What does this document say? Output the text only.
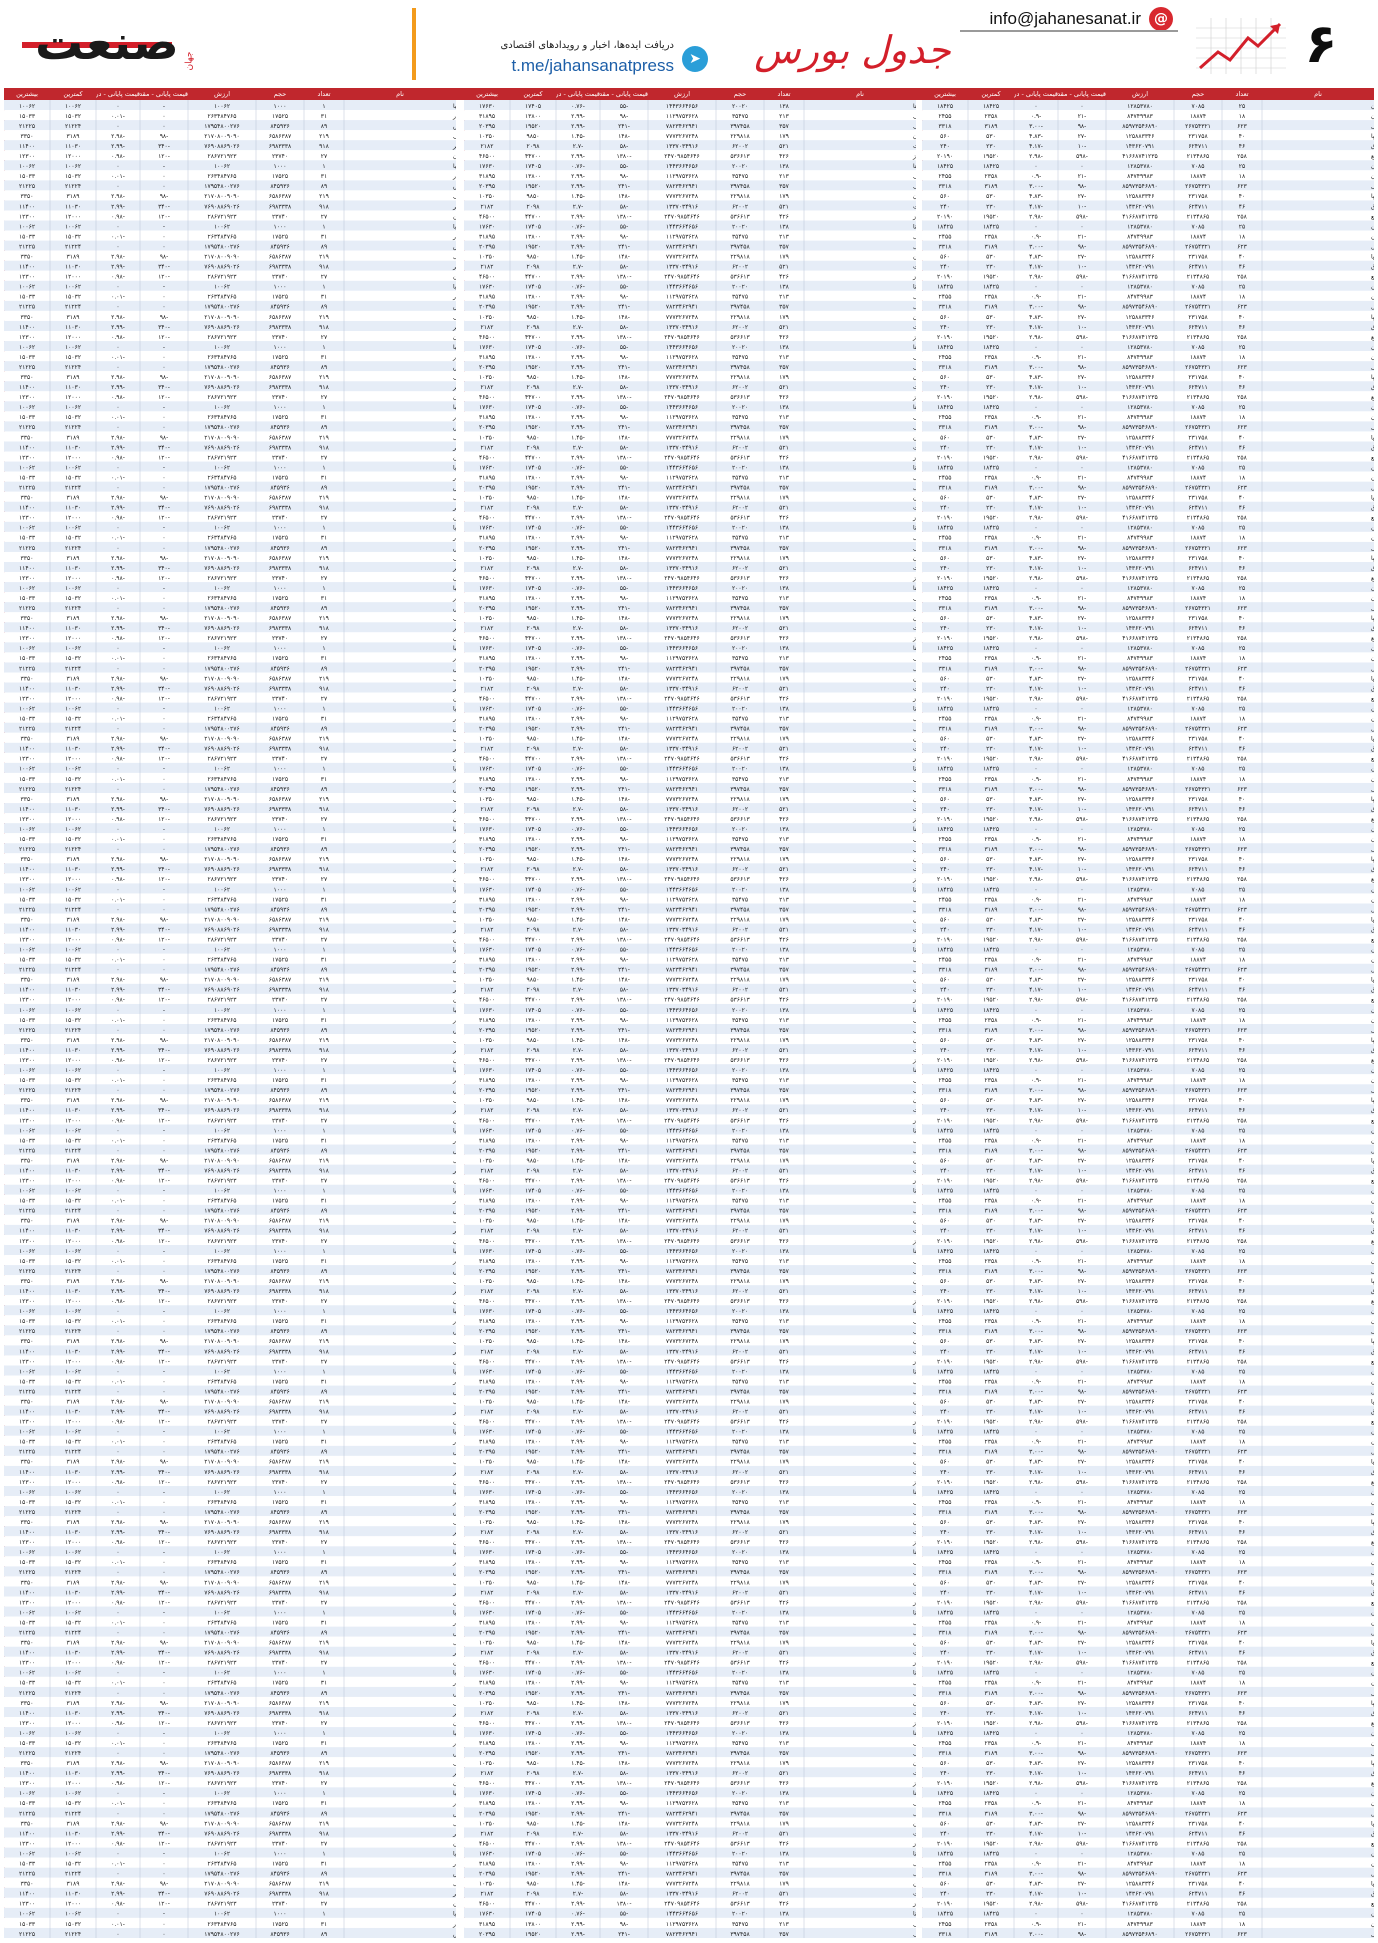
۶
info@jahanesanat.ir @
جدول بورس
➤
دریافت ایده‌ها، اخبار و رویدادهای اقتصادی
t.me/jahansanatpress
صنعت جهان
نام
تعداد
حجم
ارزش
قیمت پایانی - مقد
قیمت پایانی - در
کمترین
بیشترین
نام
تعداد
حجم
ارزش
قیمت پایانی - مقد
قیمت پایانی - در
کمترین
بیشترین
نام
تعداد
حجم
ارزش
قیمت پایانی - مقد
قیمت پایانی - در
کمترین
بیشترین
ن
۲۵
۷۰۸۵
۱۲۸۵۳۷۸۰
۰
۰
۱۸۴۲۵
۱۸۴۲۵
ن
۱۸
۱۸۸۷۴
۸۴۷۴۹۹۸۳
-۲۱
-۰.۹
۲۳۵۸
۲۴۵۵
ل
۶۲۳
۲۶۷۵۴۳۲۱
۸۵۹۷۳۵۴۶۸۹۰
-۹۸
-۳.۰۰
۳۱۸۹
۳۳۱۸
ا
۴۰
۲۳۱۷۵۸
۱۲۵۸۸۳۳۴۶
-۲۷
-۴.۸۳
۵۳۰
۵۶۰
ق
۴۶
۶۲۴۷۱۱
۱۴۳۶۲۰۷۹۱
-۱۰
-۴.۱۷
۲۳۰
۲۴۰
ع
۲۵۸
۲۱۳۴۸۶۵
۴۱۶۶۸۷۴۱۲۳۵
-۵۹۸
-۲.۹۸
۱۹۵۲۰
۲۰۱۹۰
ن
۲۵
۷۰۸۵
۱۲۸۵۳۷۸۰
۰
۰
۱۸۴۲۵
۱۸۴۲۵
ن
۱۸
۱۸۸۷۴
۸۴۷۴۹۹۸۳
-۲۱
-۰.۹
۲۳۵۸
۲۴۵۵
ل
۶۲۳
۲۶۷۵۴۳۲۱
۸۵۹۷۳۵۴۶۸۹۰
-۹۸
-۳.۰۰
۳۱۸۹
۳۳۱۸
ا
۴۰
۲۳۱۷۵۸
۱۲۵۸۸۳۳۴۶
-۲۷
-۴.۸۳
۵۳۰
۵۶۰
ق
۴۶
۶۲۴۷۱۱
۱۴۳۶۲۰۷۹۱
-۱۰
-۴.۱۷
۲۳۰
۲۴۰
ع
۲۵۸
۲۱۳۴۸۶۵
۴۱۶۶۸۷۴۱۲۳۵
-۵۹۸
-۲.۹۸
۱۹۵۲۰
۲۰۱۹۰
ن
۲۵
۷۰۸۵
۱۲۸۵۳۷۸۰
۰
۰
۱۸۴۲۵
۱۸۴۲۵
ن
۱۸
۱۸۸۷۴
۸۴۷۴۹۹۸۳
-۲۱
-۰.۹
۲۳۵۸
۲۴۵۵
ل
۶۲۳
۲۶۷۵۴۳۲۱
۸۵۹۷۳۵۴۶۸۹۰
-۹۸
-۳.۰۰
۳۱۸۹
۳۳۱۸
ا
۴۰
۲۳۱۷۵۸
۱۲۵۸۸۳۳۴۶
-۲۷
-۴.۸۳
۵۳۰
۵۶۰
ق
۴۶
۶۲۴۷۱۱
۱۴۳۶۲۰۷۹۱
-۱۰
-۴.۱۷
۲۳۰
۲۴۰
ع
۲۵۸
۲۱۳۴۸۶۵
۴۱۶۶۸۷۴۱۲۳۵
-۵۹۸
-۲.۹۸
۱۹۵۲۰
۲۰۱۹۰
ن
۲۵
۷۰۸۵
۱۲۸۵۳۷۸۰
۰
۰
۱۸۴۲۵
۱۸۴۲۵
ن
۱۸
۱۸۸۷۴
۸۴۷۴۹۹۸۳
-۲۱
-۰.۹
۲۳۵۸
۲۴۵۵
ل
۶۲۳
۲۶۷۵۴۳۲۱
۸۵۹۷۳۵۴۶۸۹۰
-۹۸
-۳.۰۰
۳۱۸۹
۳۳۱۸
ا
۴۰
۲۳۱۷۵۸
۱۲۵۸۸۳۳۴۶
-۲۷
-۴.۸۳
۵۳۰
۵۶۰
ق
۴۶
۶۲۴۷۱۱
۱۴۳۶۲۰۷۹۱
-۱۰
-۴.۱۷
۲۳۰
۲۴۰
ع
۲۵۸
۲۱۳۴۸۶۵
۴۱۶۶۸۷۴۱۲۳۵
-۵۹۸
-۲.۹۸
۱۹۵۲۰
۲۰۱۹۰
ن
۲۵
۷۰۸۵
۱۲۸۵۳۷۸۰
۰
۰
۱۸۴۲۵
۱۸۴۲۵
ن
۱۸
۱۸۸۷۴
۸۴۷۴۹۹۸۳
-۲۱
-۰.۹
۲۳۵۸
۲۴۵۵
ل
۶۲۳
۲۶۷۵۴۳۲۱
۸۵۹۷۳۵۴۶۸۹۰
-۹۸
-۳.۰۰
۳۱۸۹
۳۳۱۸
ا
۴۰
۲۳۱۷۵۸
۱۲۵۸۸۳۳۴۶
-۲۷
-۴.۸۳
۵۳۰
۵۶۰
ق
۴۶
۶۲۴۷۱۱
۱۴۳۶۲۰۷۹۱
-۱۰
-۴.۱۷
۲۳۰
۲۴۰
ع
۲۵۸
۲۱۳۴۸۶۵
۴۱۶۶۸۷۴۱۲۳۵
-۵۹۸
-۲.۹۸
۱۹۵۲۰
۲۰۱۹۰
ن
۲۵
۷۰۸۵
۱۲۸۵۳۷۸۰
۰
۰
۱۸۴۲۵
۱۸۴۲۵
ن
۱۸
۱۸۸۷۴
۸۴۷۴۹۹۸۳
-۲۱
-۰.۹
۲۳۵۸
۲۴۵۵
ل
۶۲۳
۲۶۷۵۴۳۲۱
۸۵۹۷۳۵۴۶۸۹۰
-۹۸
-۳.۰۰
۳۱۸۹
۳۳۱۸
ا
۴۰
۲۳۱۷۵۸
۱۲۵۸۸۳۳۴۶
-۲۷
-۴.۸۳
۵۳۰
۵۶۰
ق
۴۶
۶۲۴۷۱۱
۱۴۳۶۲۰۷۹۱
-۱۰
-۴.۱۷
۲۳۰
۲۴۰
ع
۲۵۸
۲۱۳۴۸۶۵
۴۱۶۶۸۷۴۱۲۳۵
-۵۹۸
-۲.۹۸
۱۹۵۲۰
۲۰۱۹۰
ن
۲۵
۷۰۸۵
۱۲۸۵۳۷۸۰
۰
۰
۱۸۴۲۵
۱۸۴۲۵
ن
۱۸
۱۸۸۷۴
۸۴۷۴۹۹۸۳
-۲۱
-۰.۹
۲۳۵۸
۲۴۵۵
ل
۶۲۳
۲۶۷۵۴۳۲۱
۸۵۹۷۳۵۴۶۸۹۰
-۹۸
-۳.۰۰
۳۱۸۹
۳۳۱۸
ا
۴۰
۲۳۱۷۵۸
۱۲۵۸۸۳۳۴۶
-۲۷
-۴.۸۳
۵۳۰
۵۶۰
ق
۴۶
۶۲۴۷۱۱
۱۴۳۶۲۰۷۹۱
-۱۰
-۴.۱۷
۲۳۰
۲۴۰
ع
۲۵۸
۲۱۳۴۸۶۵
۴۱۶۶۸۷۴۱۲۳۵
-۵۹۸
-۲.۹۸
۱۹۵۲۰
۲۰۱۹۰
ن
۲۵
۷۰۸۵
۱۲۸۵۳۷۸۰
۰
۰
۱۸۴۲۵
۱۸۴۲۵
ن
۱۸
۱۸۸۷۴
۸۴۷۴۹۹۸۳
-۲۱
-۰.۹
۲۳۵۸
۲۴۵۵
ل
۶۲۳
۲۶۷۵۴۳۲۱
۸۵۹۷۳۵۴۶۸۹۰
-۹۸
-۳.۰۰
۳۱۸۹
۳۳۱۸
ا
۴۰
۲۳۱۷۵۸
۱۲۵۸۸۳۳۴۶
-۲۷
-۴.۸۳
۵۳۰
۵۶۰
ق
۴۶
۶۲۴۷۱۱
۱۴۳۶۲۰۷۹۱
-۱۰
-۴.۱۷
۲۳۰
۲۴۰
ع
۲۵۸
۲۱۳۴۸۶۵
۴۱۶۶۸۷۴۱۲۳۵
-۵۹۸
-۲.۹۸
۱۹۵۲۰
۲۰۱۹۰
ن
۲۵
۷۰۸۵
۱۲۸۵۳۷۸۰
۰
۰
۱۸۴۲۵
۱۸۴۲۵
ن
۱۸
۱۸۸۷۴
۸۴۷۴۹۹۸۳
-۲۱
-۰.۹
۲۳۵۸
۲۴۵۵
ل
۶۲۳
۲۶۷۵۴۳۲۱
۸۵۹۷۳۵۴۶۸۹۰
-۹۸
-۳.۰۰
۳۱۸۹
۳۳۱۸
ا
۴۰
۲۳۱۷۵۸
۱۲۵۸۸۳۳۴۶
-۲۷
-۴.۸۳
۵۳۰
۵۶۰
ق
۴۶
۶۲۴۷۱۱
۱۴۳۶۲۰۷۹۱
-۱۰
-۴.۱۷
۲۳۰
۲۴۰
ع
۲۵۸
۲۱۳۴۸۶۵
۴۱۶۶۸۷۴۱۲۳۵
-۵۹۸
-۲.۹۸
۱۹۵۲۰
۲۰۱۹۰
ن
۲۵
۷۰۸۵
۱۲۸۵۳۷۸۰
۰
۰
۱۸۴۲۵
۱۸۴۲۵
ن
۱۸
۱۸۸۷۴
۸۴۷۴۹۹۸۳
-۲۱
-۰.۹
۲۳۵۸
۲۴۵۵
ل
۶۲۳
۲۶۷۵۴۳۲۱
۸۵۹۷۳۵۴۶۸۹۰
-۹۸
-۳.۰۰
۳۱۸۹
۳۳۱۸
ا
۴۰
۲۳۱۷۵۸
۱۲۵۸۸۳۳۴۶
-۲۷
-۴.۸۳
۵۳۰
۵۶۰
ق
۴۶
۶۲۴۷۱۱
۱۴۳۶۲۰۷۹۱
-۱۰
-۴.۱۷
۲۳۰
۲۴۰
ع
۲۵۸
۲۱۳۴۸۶۵
۴۱۶۶۸۷۴۱۲۳۵
-۵۹۸
-۲.۹۸
۱۹۵۲۰
۲۰۱۹۰
ن
۲۵
۷۰۸۵
۱۲۸۵۳۷۸۰
۰
۰
۱۸۴۲۵
۱۸۴۲۵
ن
۱۸
۱۸۸۷۴
۸۴۷۴۹۹۸۳
-۲۱
-۰.۹
۲۳۵۸
۲۴۵۵
ل
۶۲۳
۲۶۷۵۴۳۲۱
۸۵۹۷۳۵۴۶۸۹۰
-۹۸
-۳.۰۰
۳۱۸۹
۳۳۱۸
ا
۴۰
۲۳۱۷۵۸
۱۲۵۸۸۳۳۴۶
-۲۷
-۴.۸۳
۵۳۰
۵۶۰
ق
۴۶
۶۲۴۷۱۱
۱۴۳۶۲۰۷۹۱
-۱۰
-۴.۱۷
۲۳۰
۲۴۰
ع
۲۵۸
۲۱۳۴۸۶۵
۴۱۶۶۸۷۴۱۲۳۵
-۵۹۸
-۲.۹۸
۱۹۵۲۰
۲۰۱۹۰
ن
۲۵
۷۰۸۵
۱۲۸۵۳۷۸۰
۰
۰
۱۸۴۲۵
۱۸۴۲۵
ن
۱۸
۱۸۸۷۴
۸۴۷۴۹۹۸۳
-۲۱
-۰.۹
۲۳۵۸
۲۴۵۵
ل
۶۲۳
۲۶۷۵۴۳۲۱
۸۵۹۷۳۵۴۶۸۹۰
-۹۸
-۳.۰۰
۳۱۸۹
۳۳۱۸
ا
۴۰
۲۳۱۷۵۸
۱۲۵۸۸۳۳۴۶
-۲۷
-۴.۸۳
۵۳۰
۵۶۰
ق
۴۶
۶۲۴۷۱۱
۱۴۳۶۲۰۷۹۱
-۱۰
-۴.۱۷
۲۳۰
۲۴۰
ع
۲۵۸
۲۱۳۴۸۶۵
۴۱۶۶۸۷۴۱۲۳۵
-۵۹۸
-۲.۹۸
۱۹۵۲۰
۲۰۱۹۰
ن
۲۵
۷۰۸۵
۱۲۸۵۳۷۸۰
۰
۰
۱۸۴۲۵
۱۸۴۲۵
ن
۱۸
۱۸۸۷۴
۸۴۷۴۹۹۸۳
-۲۱
-۰.۹
۲۳۵۸
۲۴۵۵
ل
۶۲۳
۲۶۷۵۴۳۲۱
۸۵۹۷۳۵۴۶۸۹۰
-۹۸
-۳.۰۰
۳۱۸۹
۳۳۱۸
ا
۴۰
۲۳۱۷۵۸
۱۲۵۸۸۳۳۴۶
-۲۷
-۴.۸۳
۵۳۰
۵۶۰
ق
۴۶
۶۲۴۷۱۱
۱۴۳۶۲۰۷۹۱
-۱۰
-۴.۱۷
۲۳۰
۲۴۰
ع
۲۵۸
۲۱۳۴۸۶۵
۴۱۶۶۸۷۴۱۲۳۵
-۵۹۸
-۲.۹۸
۱۹۵۲۰
۲۰۱۹۰
ن
۲۵
۷۰۸۵
۱۲۸۵۳۷۸۰
۰
۰
۱۸۴۲۵
۱۸۴۲۵
ن
۱۸
۱۸۸۷۴
۸۴۷۴۹۹۸۳
-۲۱
-۰.۹
۲۳۵۸
۲۴۵۵
ل
۶۲۳
۲۶۷۵۴۳۲۱
۸۵۹۷۳۵۴۶۸۹۰
-۹۸
-۳.۰۰
۳۱۸۹
۳۳۱۸
ا
۴۰
۲۳۱۷۵۸
۱۲۵۸۸۳۳۴۶
-۲۷
-۴.۸۳
۵۳۰
۵۶۰
ق
۴۶
۶۲۴۷۱۱
۱۴۳۶۲۰۷۹۱
-۱۰
-۴.۱۷
۲۳۰
۲۴۰
ع
۲۵۸
۲۱۳۴۸۶۵
۴۱۶۶۸۷۴۱۲۳۵
-۵۹۸
-۲.۹۸
۱۹۵۲۰
۲۰۱۹۰
ن
۲۵
۷۰۸۵
۱۲۸۵۳۷۸۰
۰
۰
۱۸۴۲۵
۱۸۴۲۵
ن
۱۸
۱۸۸۷۴
۸۴۷۴۹۹۸۳
-۲۱
-۰.۹
۲۳۵۸
۲۴۵۵
ل
۶۲۳
۲۶۷۵۴۳۲۱
۸۵۹۷۳۵۴۶۸۹۰
-۹۸
-۳.۰۰
۳۱۸۹
۳۳۱۸
ا
۴۰
۲۳۱۷۵۸
۱۲۵۸۸۳۳۴۶
-۲۷
-۴.۸۳
۵۳۰
۵۶۰
ق
۴۶
۶۲۴۷۱۱
۱۴۳۶۲۰۷۹۱
-۱۰
-۴.۱۷
۲۳۰
۲۴۰
ع
۲۵۸
۲۱۳۴۸۶۵
۴۱۶۶۸۷۴۱۲۳۵
-۵۹۸
-۲.۹۸
۱۹۵۲۰
۲۰۱۹۰
ن
۲۵
۷۰۸۵
۱۲۸۵۳۷۸۰
۰
۰
۱۸۴۲۵
۱۸۴۲۵
ن
۱۸
۱۸۸۷۴
۸۴۷۴۹۹۸۳
-۲۱
-۰.۹
۲۳۵۸
۲۴۵۵
ل
۶۲۳
۲۶۷۵۴۳۲۱
۸۵۹۷۳۵۴۶۸۹۰
-۹۸
-۳.۰۰
۳۱۸۹
۳۳۱۸
ا
۴۰
۲۳۱۷۵۸
۱۲۵۸۸۳۳۴۶
-۲۷
-۴.۸۳
۵۳۰
۵۶۰
ق
۴۶
۶۲۴۷۱۱
۱۴۳۶۲۰۷۹۱
-۱۰
-۴.۱۷
۲۳۰
۲۴۰
ع
۲۵۸
۲۱۳۴۸۶۵
۴۱۶۶۸۷۴۱۲۳۵
-۵۹۸
-۲.۹۸
۱۹۵۲۰
۲۰۱۹۰
ن
۲۵
۷۰۸۵
۱۲۸۵۳۷۸۰
۰
۰
۱۸۴۲۵
۱۸۴۲۵
ن
۱۸
۱۸۸۷۴
۸۴۷۴۹۹۸۳
-۲۱
-۰.۹
۲۳۵۸
۲۴۵۵
ل
۶۲۳
۲۶۷۵۴۳۲۱
۸۵۹۷۳۵۴۶۸۹۰
-۹۸
-۳.۰۰
۳۱۸۹
۳۳۱۸
ا
۴۰
۲۳۱۷۵۸
۱۲۵۸۸۳۳۴۶
-۲۷
-۴.۸۳
۵۳۰
۵۶۰
ق
۴۶
۶۲۴۷۱۱
۱۴۳۶۲۰۷۹۱
-۱۰
-۴.۱۷
۲۳۰
۲۴۰
ع
۲۵۸
۲۱۳۴۸۶۵
۴۱۶۶۸۷۴۱۲۳۵
-۵۹۸
-۲.۹۸
۱۹۵۲۰
۲۰۱۹۰
ن
۲۵
۷۰۸۵
۱۲۸۵۳۷۸۰
۰
۰
۱۸۴۲۵
۱۸۴۲۵
ن
۱۸
۱۸۸۷۴
۸۴۷۴۹۹۸۳
-۲۱
-۰.۹
۲۳۵۸
۲۴۵۵
ل
۶۲۳
۲۶۷۵۴۳۲۱
۸۵۹۷۳۵۴۶۸۹۰
-۹۸
-۳.۰۰
۳۱۸۹
۳۳۱۸
ا
۴۰
۲۳۱۷۵۸
۱۲۵۸۸۳۳۴۶
-۲۷
-۴.۸۳
۵۳۰
۵۶۰
ق
۴۶
۶۲۴۷۱۱
۱۴۳۶۲۰۷۹۱
-۱۰
-۴.۱۷
۲۳۰
۲۴۰
ع
۲۵۸
۲۱۳۴۸۶۵
۴۱۶۶۸۷۴۱۲۳۵
-۵۹۸
-۲.۹۸
۱۹۵۲۰
۲۰۱۹۰
ن
۲۵
۷۰۸۵
۱۲۸۵۳۷۸۰
۰
۰
۱۸۴۲۵
۱۸۴۲۵
ن
۱۸
۱۸۸۷۴
۸۴۷۴۹۹۸۳
-۲۱
-۰.۹
۲۳۵۸
۲۴۵۵
ل
۶۲۳
۲۶۷۵۴۳۲۱
۸۵۹۷۳۵۴۶۸۹۰
-۹۸
-۳.۰۰
۳۱۸۹
۳۳۱۸
ا
۴۰
۲۳۱۷۵۸
۱۲۵۸۸۳۳۴۶
-۲۷
-۴.۸۳
۵۳۰
۵۶۰
ق
۴۶
۶۲۴۷۱۱
۱۴۳۶۲۰۷۹۱
-۱۰
-۴.۱۷
۲۳۰
۲۴۰
ع
۲۵۸
۲۱۳۴۸۶۵
۴۱۶۶۸۷۴۱۲۳۵
-۵۹۸
-۲.۹۸
۱۹۵۲۰
۲۰۱۹۰
ن
۲۵
۷۰۸۵
۱۲۸۵۳۷۸۰
۰
۰
۱۸۴۲۵
۱۸۴۲۵
ن
۱۸
۱۸۸۷۴
۸۴۷۴۹۹۸۳
-۲۱
-۰.۹
۲۳۵۸
۲۴۵۵
ل
۶۲۳
۲۶۷۵۴۳۲۱
۸۵۹۷۳۵۴۶۸۹۰
-۹۸
-۳.۰۰
۳۱۸۹
۳۳۱۸
ا
۴۰
۲۳۱۷۵۸
۱۲۵۸۸۳۳۴۶
-۲۷
-۴.۸۳
۵۳۰
۵۶۰
ق
۴۶
۶۲۴۷۱۱
۱۴۳۶۲۰۷۹۱
-۱۰
-۴.۱۷
۲۳۰
۲۴۰
ع
۲۵۸
۲۱۳۴۸۶۵
۴۱۶۶۸۷۴۱۲۳۵
-۵۹۸
-۲.۹۸
۱۹۵۲۰
۲۰۱۹۰
ن
۲۵
۷۰۸۵
۱۲۸۵۳۷۸۰
۰
۰
۱۸۴۲۵
۱۸۴۲۵
ن
۱۸
۱۸۸۷۴
۸۴۷۴۹۹۸۳
-۲۱
-۰.۹
۲۳۵۸
۲۴۵۵
ل
۶۲۳
۲۶۷۵۴۳۲۱
۸۵۹۷۳۵۴۶۸۹۰
-۹۸
-۳.۰۰
۳۱۸۹
۳۳۱۸
ا
۴۰
۲۳۱۷۵۸
۱۲۵۸۸۳۳۴۶
-۲۷
-۴.۸۳
۵۳۰
۵۶۰
ق
۴۶
۶۲۴۷۱۱
۱۴۳۶۲۰۷۹۱
-۱۰
-۴.۱۷
۲۳۰
۲۴۰
ع
۲۵۸
۲۱۳۴۸۶۵
۴۱۶۶۸۷۴۱۲۳۵
-۵۹۸
-۲.۹۸
۱۹۵۲۰
۲۰۱۹۰
ن
۲۵
۷۰۸۵
۱۲۸۵۳۷۸۰
۰
۰
۱۸۴۲۵
۱۸۴۲۵
ن
۱۸
۱۸۸۷۴
۸۴۷۴۹۹۸۳
-۲۱
-۰.۹
۲۳۵۸
۲۴۵۵
ل
۶۲۳
۲۶۷۵۴۳۲۱
۸۵۹۷۳۵۴۶۸۹۰
-۹۸
-۳.۰۰
۳۱۸۹
۳۳۱۸
ا
۴۰
۲۳۱۷۵۸
۱۲۵۸۸۳۳۴۶
-۲۷
-۴.۸۳
۵۳۰
۵۶۰
ق
۴۶
۶۲۴۷۱۱
۱۴۳۶۲۰۷۹۱
-۱۰
-۴.۱۷
۲۳۰
۲۴۰
ع
۲۵۸
۲۱۳۴۸۶۵
۴۱۶۶۸۷۴۱۲۳۵
-۵۹۸
-۲.۹۸
۱۹۵۲۰
۲۰۱۹۰
ن
۲۵
۷۰۸۵
۱۲۸۵۳۷۸۰
۰
۰
۱۸۴۲۵
۱۸۴۲۵
ن
۱۸
۱۸۸۷۴
۸۴۷۴۹۹۸۳
-۲۱
-۰.۹
۲۳۵۸
۲۴۵۵
ل
۶۲۳
۲۶۷۵۴۳۲۱
۸۵۹۷۳۵۴۶۸۹۰
-۹۸
-۳.۰۰
۳۱۸۹
۳۳۱۸
ا
۴۰
۲۳۱۷۵۸
۱۲۵۸۸۳۳۴۶
-۲۷
-۴.۸۳
۵۳۰
۵۶۰
ق
۴۶
۶۲۴۷۱۱
۱۴۳۶۲۰۷۹۱
-۱۰
-۴.۱۷
۲۳۰
۲۴۰
ع
۲۵۸
۲۱۳۴۸۶۵
۴۱۶۶۸۷۴۱۲۳۵
-۵۹۸
-۲.۹۸
۱۹۵۲۰
۲۰۱۹۰
ن
۲۵
۷۰۸۵
۱۲۸۵۳۷۸۰
۰
۰
۱۸۴۲۵
۱۸۴۲۵
ن
۱۸
۱۸۸۷۴
۸۴۷۴۹۹۸۳
-۲۱
-۰.۹
۲۳۵۸
۲۴۵۵
ل
۶۲۳
۲۶۷۵۴۳۲۱
۸۵۹۷۳۵۴۶۸۹۰
-۹۸
-۳.۰۰
۳۱۸۹
۳۳۱۸
ا
۴۰
۲۳۱۷۵۸
۱۲۵۸۸۳۳۴۶
-۲۷
-۴.۸۳
۵۳۰
۵۶۰
ق
۴۶
۶۲۴۷۱۱
۱۴۳۶۲۰۷۹۱
-۱۰
-۴.۱۷
۲۳۰
۲۴۰
ع
۲۵۸
۲۱۳۴۸۶۵
۴۱۶۶۸۷۴۱۲۳۵
-۵۹۸
-۲.۹۸
۱۹۵۲۰
۲۰۱۹۰
ن
۲۵
۷۰۸۵
۱۲۸۵۳۷۸۰
۰
۰
۱۸۴۲۵
۱۸۴۲۵
ن
۱۸
۱۸۸۷۴
۸۴۷۴۹۹۸۳
-۲۱
-۰.۹
۲۳۵۸
۲۴۵۵
ل
۶۲۳
۲۶۷۵۴۳۲۱
۸۵۹۷۳۵۴۶۸۹۰
-۹۸
-۳.۰۰
۳۱۸۹
۳۳۱۸
ا
۴۰
۲۳۱۷۵۸
۱۲۵۸۸۳۳۴۶
-۲۷
-۴.۸۳
۵۳۰
۵۶۰
ق
۴۶
۶۲۴۷۱۱
۱۴۳۶۲۰۷۹۱
-۱۰
-۴.۱۷
۲۳۰
۲۴۰
ع
۲۵۸
۲۱۳۴۸۶۵
۴۱۶۶۸۷۴۱۲۳۵
-۵۹۸
-۲.۹۸
۱۹۵۲۰
۲۰۱۹۰
ن
۲۵
۷۰۸۵
۱۲۸۵۳۷۸۰
۰
۰
۱۸۴۲۵
۱۸۴۲۵
ن
۱۸
۱۸۸۷۴
۸۴۷۴۹۹۸۳
-۲۱
-۰.۹
۲۳۵۸
۲۴۵۵
ل
۶۲۳
۲۶۷۵۴۳۲۱
۸۵۹۷۳۵۴۶۸۹۰
-۹۸
-۳.۰۰
۳۱۸۹
۳۳۱۸
ا
۴۰
۲۳۱۷۵۸
۱۲۵۸۸۳۳۴۶
-۲۷
-۴.۸۳
۵۳۰
۵۶۰
ق
۴۶
۶۲۴۷۱۱
۱۴۳۶۲۰۷۹۱
-۱۰
-۴.۱۷
۲۳۰
۲۴۰
ع
۲۵۸
۲۱۳۴۸۶۵
۴۱۶۶۸۷۴۱۲۳۵
-۵۹۸
-۲.۹۸
۱۹۵۲۰
۲۰۱۹۰
ن
۲۵
۷۰۸۵
۱۲۸۵۳۷۸۰
۰
۰
۱۸۴۲۵
۱۸۴۲۵
ن
۱۸
۱۸۸۷۴
۸۴۷۴۹۹۸۳
-۲۱
-۰.۹
۲۳۵۸
۲۴۵۵
ل
۶۲۳
۲۶۷۵۴۳۲۱
۸۵۹۷۳۵۴۶۸۹۰
-۹۸
-۳.۰۰
۳۱۸۹
۳۳۱۸
ا
۴۰
۲۳۱۷۵۸
۱۲۵۸۸۳۳۴۶
-۲۷
-۴.۸۳
۵۳۰
۵۶۰
ق
۴۶
۶۲۴۷۱۱
۱۴۳۶۲۰۷۹۱
-۱۰
-۴.۱۷
۲۳۰
۲۴۰
ع
۲۵۸
۲۱۳۴۸۶۵
۴۱۶۶۸۷۴۱۲۳۵
-۵۹۸
-۲.۹۸
۱۹۵۲۰
۲۰۱۹۰
ن
۲۵
۷۰۸۵
۱۲۸۵۳۷۸۰
۰
۰
۱۸۴۲۵
۱۸۴۲۵
ن
۱۸
۱۸۸۷۴
۸۴۷۴۹۹۸۳
-۲۱
-۰.۹
۲۳۵۸
۲۴۵۵
ل
۶۲۳
۲۶۷۵۴۳۲۱
۸۵۹۷۳۵۴۶۸۹۰
-۹۸
-۳.۰۰
۳۱۸۹
۳۳۱۸
ا
۴۰
۲۳۱۷۵۸
۱۲۵۸۸۳۳۴۶
-۲۷
-۴.۸۳
۵۳۰
۵۶۰
ق
۴۶
۶۲۴۷۱۱
۱۴۳۶۲۰۷۹۱
-۱۰
-۴.۱۷
۲۳۰
۲۴۰
ع
۲۵۸
۲۱۳۴۸۶۵
۴۱۶۶۸۷۴۱۲۳۵
-۵۹۸
-۲.۹۸
۱۹۵۲۰
۲۰۱۹۰
ن
۲۵
۷۰۸۵
۱۲۸۵۳۷۸۰
۰
۰
۱۸۴۲۵
۱۸۴۲۵
ن
۱۸
۱۸۸۷۴
۸۴۷۴۹۹۸۳
-۲۱
-۰.۹
۲۳۵۸
۲۴۵۵
ل
۶۲۳
۲۶۷۵۴۳۲۱
۸۵۹۷۳۵۴۶۸۹۰
-۹۸
-۳.۰۰
۳۱۸۹
۳۳۱۸
ا
۴۰
۲۳۱۷۵۸
۱۲۵۸۸۳۳۴۶
-۲۷
-۴.۸۳
۵۳۰
۵۶۰
ق
۴۶
۶۲۴۷۱۱
۱۴۳۶۲۰۷۹۱
-۱۰
-۴.۱۷
۲۳۰
۲۴۰
ع
۲۵۸
۲۱۳۴۸۶۵
۴۱۶۶۸۷۴۱۲۳۵
-۵۹۸
-۲.۹۸
۱۹۵۲۰
۲۰۱۹۰
ن
۲۵
۷۰۸۵
۱۲۸۵۳۷۸۰
۰
۰
۱۸۴۲۵
۱۸۴۲۵
ن
۱۸
۱۸۸۷۴
۸۴۷۴۹۹۸۳
-۲۱
-۰.۹
۲۳۵۸
۲۴۵۵
ل
۶۲۳
۲۶۷۵۴۳۲۱
۸۵۹۷۳۵۴۶۸۹۰
-۹۸
-۳.۰۰
۳۱۸۹
۳۳۱۸
ا
۴۰
۲۳۱۷۵۸
۱۲۵۸۸۳۳۴۶
-۲۷
-۴.۸۳
۵۳۰
۵۶۰
ق
۴۶
۶۲۴۷۱۱
۱۴۳۶۲۰۷۹۱
-۱۰
-۴.۱۷
۲۳۰
۲۴۰
ع
۲۵۸
۲۱۳۴۸۶۵
۴۱۶۶۸۷۴۱۲۳۵
-۵۹۸
-۲.۹۸
۱۹۵۲۰
۲۰۱۹۰
ن
۲۵
۷۰۸۵
۱۲۸۵۳۷۸۰
۰
۰
۱۸۴۲۵
۱۸۴۲۵
ن
۱۸
۱۸۸۷۴
۸۴۷۴۹۹۸۳
-۲۱
-۰.۹
۲۳۵۸
۲۴۵۵
ل
۶۲۳
۲۶۷۵۴۳۲۱
۸۵۹۷۳۵۴۶۸۹۰
-۹۸
-۳.۰۰
۳۱۸۹
۳۳۱۸
ا
۱۳۸
۲۰۰۲۰
۱۴۴۳۶۶۴۶۵۶
-۵۵
-۰.۷۶
۱۷۴۰۵
۱۷۶۳۰
ی
۲۱۳
۳۵۴۷۵
۱۱۲۹۷۵۳۶۲۸
-۹۸
-۲.۹۹
۱۳۸۰۰
۳۱۸۹۵
ی
۳۵۷
۳۹۷۴۵۸
۷۸۲۳۴۶۲۹۴۱
-۲۴۱
-۲.۹۹
۱۹۵۲۰
۲۰۳۹۵
ن
۱۷۹
۲۲۹۸۱۸
۷۷۷۳۲۶۷۲۴۸
-۱۴۸
-۱.۴۵
۹۸۵۰
۱۰۳۵۰
۵۲۱
۶۲۰۰۲
۱۳۳۷۰۳۴۹۱۶
-۵۸
-۲.۷
۲۰۹۸
۲۱۸۲
ز
۴۲۶
۵۳۶۶۱۳
۲۴۷۰۹۸۵۴۶۴۶
-۱۳۸۰
-۲.۹۹
۴۴۷۰۰
۴۶۵۰۰
ا
۱۳۸
۲۰۰۲۰
۱۴۴۳۶۶۴۶۵۶
-۵۵
-۰.۷۶
۱۷۴۰۵
۱۷۶۳۰
ی
۲۱۳
۳۵۴۷۵
۱۱۲۹۷۵۳۶۲۸
-۹۸
-۲.۹۹
۱۳۸۰۰
۳۱۸۹۵
ی
۳۵۷
۳۹۷۴۵۸
۷۸۲۳۴۶۲۹۴۱
-۲۴۱
-۲.۹۹
۱۹۵۲۰
۲۰۳۹۵
ن
۱۷۹
۲۲۹۸۱۸
۷۷۷۳۲۶۷۲۴۸
-۱۴۸
-۱.۴۵
۹۸۵۰
۱۰۳۵۰
۵۲۱
۶۲۰۰۲
۱۳۳۷۰۳۴۹۱۶
-۵۸
-۲.۷
۲۰۹۸
۲۱۸۲
ز
۴۲۶
۵۳۶۶۱۳
۲۴۷۰۹۸۵۴۶۴۶
-۱۳۸۰
-۲.۹۹
۴۴۷۰۰
۴۶۵۰۰
ا
۱۳۸
۲۰۰۲۰
۱۴۴۳۶۶۴۶۵۶
-۵۵
-۰.۷۶
۱۷۴۰۵
۱۷۶۳۰
ی
۲۱۳
۳۵۴۷۵
۱۱۲۹۷۵۳۶۲۸
-۹۸
-۲.۹۹
۱۳۸۰۰
۳۱۸۹۵
ی
۳۵۷
۳۹۷۴۵۸
۷۸۲۳۴۶۲۹۴۱
-۲۴۱
-۲.۹۹
۱۹۵۲۰
۲۰۳۹۵
ن
۱۷۹
۲۲۹۸۱۸
۷۷۷۳۲۶۷۲۴۸
-۱۴۸
-۱.۴۵
۹۸۵۰
۱۰۳۵۰
۵۲۱
۶۲۰۰۲
۱۳۳۷۰۳۴۹۱۶
-۵۸
-۲.۷
۲۰۹۸
۲۱۸۲
ز
۴۲۶
۵۳۶۶۱۳
۲۴۷۰۹۸۵۴۶۴۶
-۱۳۸۰
-۲.۹۹
۴۴۷۰۰
۴۶۵۰۰
ا
۱۳۸
۲۰۰۲۰
۱۴۴۳۶۶۴۶۵۶
-۵۵
-۰.۷۶
۱۷۴۰۵
۱۷۶۳۰
ی
۲۱۳
۳۵۴۷۵
۱۱۲۹۷۵۳۶۲۸
-۹۸
-۲.۹۹
۱۳۸۰۰
۳۱۸۹۵
ی
۳۵۷
۳۹۷۴۵۸
۷۸۲۳۴۶۲۹۴۱
-۲۴۱
-۲.۹۹
۱۹۵۲۰
۲۰۳۹۵
ن
۱۷۹
۲۲۹۸۱۸
۷۷۷۳۲۶۷۲۴۸
-۱۴۸
-۱.۴۵
۹۸۵۰
۱۰۳۵۰
۵۲۱
۶۲۰۰۲
۱۳۳۷۰۳۴۹۱۶
-۵۸
-۲.۷
۲۰۹۸
۲۱۸۲
ز
۴۲۶
۵۳۶۶۱۳
۲۴۷۰۹۸۵۴۶۴۶
-۱۳۸۰
-۲.۹۹
۴۴۷۰۰
۴۶۵۰۰
ا
۱۳۸
۲۰۰۲۰
۱۴۴۳۶۶۴۶۵۶
-۵۵
-۰.۷۶
۱۷۴۰۵
۱۷۶۳۰
ی
۲۱۳
۳۵۴۷۵
۱۱۲۹۷۵۳۶۲۸
-۹۸
-۲.۹۹
۱۳۸۰۰
۳۱۸۹۵
ی
۳۵۷
۳۹۷۴۵۸
۷۸۲۳۴۶۲۹۴۱
-۲۴۱
-۲.۹۹
۱۹۵۲۰
۲۰۳۹۵
ن
۱۷۹
۲۲۹۸۱۸
۷۷۷۳۲۶۷۲۴۸
-۱۴۸
-۱.۴۵
۹۸۵۰
۱۰۳۵۰
۵۲۱
۶۲۰۰۲
۱۳۳۷۰۳۴۹۱۶
-۵۸
-۲.۷
۲۰۹۸
۲۱۸۲
ز
۴۲۶
۵۳۶۶۱۳
۲۴۷۰۹۸۵۴۶۴۶
-۱۳۸۰
-۲.۹۹
۴۴۷۰۰
۴۶۵۰۰
ا
۱۳۸
۲۰۰۲۰
۱۴۴۳۶۶۴۶۵۶
-۵۵
-۰.۷۶
۱۷۴۰۵
۱۷۶۳۰
ی
۲۱۳
۳۵۴۷۵
۱۱۲۹۷۵۳۶۲۸
-۹۸
-۲.۹۹
۱۳۸۰۰
۳۱۸۹۵
ی
۳۵۷
۳۹۷۴۵۸
۷۸۲۳۴۶۲۹۴۱
-۲۴۱
-۲.۹۹
۱۹۵۲۰
۲۰۳۹۵
ن
۱۷۹
۲۲۹۸۱۸
۷۷۷۳۲۶۷۲۴۸
-۱۴۸
-۱.۴۵
۹۸۵۰
۱۰۳۵۰
۵۲۱
۶۲۰۰۲
۱۳۳۷۰۳۴۹۱۶
-۵۸
-۲.۷
۲۰۹۸
۲۱۸۲
ز
۴۲۶
۵۳۶۶۱۳
۲۴۷۰۹۸۵۴۶۴۶
-۱۳۸۰
-۲.۹۹
۴۴۷۰۰
۴۶۵۰۰
ا
۱۳۸
۲۰۰۲۰
۱۴۴۳۶۶۴۶۵۶
-۵۵
-۰.۷۶
۱۷۴۰۵
۱۷۶۳۰
ی
۲۱۳
۳۵۴۷۵
۱۱۲۹۷۵۳۶۲۸
-۹۸
-۲.۹۹
۱۳۸۰۰
۳۱۸۹۵
ی
۳۵۷
۳۹۷۴۵۸
۷۸۲۳۴۶۲۹۴۱
-۲۴۱
-۲.۹۹
۱۹۵۲۰
۲۰۳۹۵
ن
۱۷۹
۲۲۹۸۱۸
۷۷۷۳۲۶۷۲۴۸
-۱۴۸
-۱.۴۵
۹۸۵۰
۱۰۳۵۰
۵۲۱
۶۲۰۰۲
۱۳۳۷۰۳۴۹۱۶
-۵۸
-۲.۷
۲۰۹۸
۲۱۸۲
ز
۴۲۶
۵۳۶۶۱۳
۲۴۷۰۹۸۵۴۶۴۶
-۱۳۸۰
-۲.۹۹
۴۴۷۰۰
۴۶۵۰۰
ا
۱۳۸
۲۰۰۲۰
۱۴۴۳۶۶۴۶۵۶
-۵۵
-۰.۷۶
۱۷۴۰۵
۱۷۶۳۰
ی
۲۱۳
۳۵۴۷۵
۱۱۲۹۷۵۳۶۲۸
-۹۸
-۲.۹۹
۱۳۸۰۰
۳۱۸۹۵
ی
۳۵۷
۳۹۷۴۵۸
۷۸۲۳۴۶۲۹۴۱
-۲۴۱
-۲.۹۹
۱۹۵۲۰
۲۰۳۹۵
ن
۱۷۹
۲۲۹۸۱۸
۷۷۷۳۲۶۷۲۴۸
-۱۴۸
-۱.۴۵
۹۸۵۰
۱۰۳۵۰
۵۲۱
۶۲۰۰۲
۱۳۳۷۰۳۴۹۱۶
-۵۸
-۲.۷
۲۰۹۸
۲۱۸۲
ز
۴۲۶
۵۳۶۶۱۳
۲۴۷۰۹۸۵۴۶۴۶
-۱۳۸۰
-۲.۹۹
۴۴۷۰۰
۴۶۵۰۰
ا
۱۳۸
۲۰۰۲۰
۱۴۴۳۶۶۴۶۵۶
-۵۵
-۰.۷۶
۱۷۴۰۵
۱۷۶۳۰
ی
۲۱۳
۳۵۴۷۵
۱۱۲۹۷۵۳۶۲۸
-۹۸
-۲.۹۹
۱۳۸۰۰
۳۱۸۹۵
ی
۳۵۷
۳۹۷۴۵۸
۷۸۲۳۴۶۲۹۴۱
-۲۴۱
-۲.۹۹
۱۹۵۲۰
۲۰۳۹۵
ن
۱۷۹
۲۲۹۸۱۸
۷۷۷۳۲۶۷۲۴۸
-۱۴۸
-۱.۴۵
۹۸۵۰
۱۰۳۵۰
۵۲۱
۶۲۰۰۲
۱۳۳۷۰۳۴۹۱۶
-۵۸
-۲.۷
۲۰۹۸
۲۱۸۲
ز
۴۲۶
۵۳۶۶۱۳
۲۴۷۰۹۸۵۴۶۴۶
-۱۳۸۰
-۲.۹۹
۴۴۷۰۰
۴۶۵۰۰
ا
۱۳۸
۲۰۰۲۰
۱۴۴۳۶۶۴۶۵۶
-۵۵
-۰.۷۶
۱۷۴۰۵
۱۷۶۳۰
ی
۲۱۳
۳۵۴۷۵
۱۱۲۹۷۵۳۶۲۸
-۹۸
-۲.۹۹
۱۳۸۰۰
۳۱۸۹۵
ی
۳۵۷
۳۹۷۴۵۸
۷۸۲۳۴۶۲۹۴۱
-۲۴۱
-۲.۹۹
۱۹۵۲۰
۲۰۳۹۵
ن
۱۷۹
۲۲۹۸۱۸
۷۷۷۳۲۶۷۲۴۸
-۱۴۸
-۱.۴۵
۹۸۵۰
۱۰۳۵۰
۵۲۱
۶۲۰۰۲
۱۳۳۷۰۳۴۹۱۶
-۵۸
-۲.۷
۲۰۹۸
۲۱۸۲
ز
۴۲۶
۵۳۶۶۱۳
۲۴۷۰۹۸۵۴۶۴۶
-۱۳۸۰
-۲.۹۹
۴۴۷۰۰
۴۶۵۰۰
ا
۱۳۸
۲۰۰۲۰
۱۴۴۳۶۶۴۶۵۶
-۵۵
-۰.۷۶
۱۷۴۰۵
۱۷۶۳۰
ی
۲۱۳
۳۵۴۷۵
۱۱۲۹۷۵۳۶۲۸
-۹۸
-۲.۹۹
۱۳۸۰۰
۳۱۸۹۵
ی
۳۵۷
۳۹۷۴۵۸
۷۸۲۳۴۶۲۹۴۱
-۲۴۱
-۲.۹۹
۱۹۵۲۰
۲۰۳۹۵
ن
۱۷۹
۲۲۹۸۱۸
۷۷۷۳۲۶۷۲۴۸
-۱۴۸
-۱.۴۵
۹۸۵۰
۱۰۳۵۰
۵۲۱
۶۲۰۰۲
۱۳۳۷۰۳۴۹۱۶
-۵۸
-۲.۷
۲۰۹۸
۲۱۸۲
ز
۴۲۶
۵۳۶۶۱۳
۲۴۷۰۹۸۵۴۶۴۶
-۱۳۸۰
-۲.۹۹
۴۴۷۰۰
۴۶۵۰۰
ا
۱۳۸
۲۰۰۲۰
۱۴۴۳۶۶۴۶۵۶
-۵۵
-۰.۷۶
۱۷۴۰۵
۱۷۶۳۰
ی
۲۱۳
۳۵۴۷۵
۱۱۲۹۷۵۳۶۲۸
-۹۸
-۲.۹۹
۱۳۸۰۰
۳۱۸۹۵
ی
۳۵۷
۳۹۷۴۵۸
۷۸۲۳۴۶۲۹۴۱
-۲۴۱
-۲.۹۹
۱۹۵۲۰
۲۰۳۹۵
ن
۱۷۹
۲۲۹۸۱۸
۷۷۷۳۲۶۷۲۴۸
-۱۴۸
-۱.۴۵
۹۸۵۰
۱۰۳۵۰
۵۲۱
۶۲۰۰۲
۱۳۳۷۰۳۴۹۱۶
-۵۸
-۲.۷
۲۰۹۸
۲۱۸۲
ز
۴۲۶
۵۳۶۶۱۳
۲۴۷۰۹۸۵۴۶۴۶
-۱۳۸۰
-۲.۹۹
۴۴۷۰۰
۴۶۵۰۰
ا
۱۳۸
۲۰۰۲۰
۱۴۴۳۶۶۴۶۵۶
-۵۵
-۰.۷۶
۱۷۴۰۵
۱۷۶۳۰
ی
۲۱۳
۳۵۴۷۵
۱۱۲۹۷۵۳۶۲۸
-۹۸
-۲.۹۹
۱۳۸۰۰
۳۱۸۹۵
ی
۳۵۷
۳۹۷۴۵۸
۷۸۲۳۴۶۲۹۴۱
-۲۴۱
-۲.۹۹
۱۹۵۲۰
۲۰۳۹۵
ن
۱۷۹
۲۲۹۸۱۸
۷۷۷۳۲۶۷۲۴۸
-۱۴۸
-۱.۴۵
۹۸۵۰
۱۰۳۵۰
۵۲۱
۶۲۰۰۲
۱۳۳۷۰۳۴۹۱۶
-۵۸
-۲.۷
۲۰۹۸
۲۱۸۲
ز
۴۲۶
۵۳۶۶۱۳
۲۴۷۰۹۸۵۴۶۴۶
-۱۳۸۰
-۲.۹۹
۴۴۷۰۰
۴۶۵۰۰
ا
۱۳۸
۲۰۰۲۰
۱۴۴۳۶۶۴۶۵۶
-۵۵
-۰.۷۶
۱۷۴۰۵
۱۷۶۳۰
ی
۲۱۳
۳۵۴۷۵
۱۱۲۹۷۵۳۶۲۸
-۹۸
-۲.۹۹
۱۳۸۰۰
۳۱۸۹۵
ی
۳۵۷
۳۹۷۴۵۸
۷۸۲۳۴۶۲۹۴۱
-۲۴۱
-۲.۹۹
۱۹۵۲۰
۲۰۳۹۵
ن
۱۷۹
۲۲۹۸۱۸
۷۷۷۳۲۶۷۲۴۸
-۱۴۸
-۱.۴۵
۹۸۵۰
۱۰۳۵۰
۵۲۱
۶۲۰۰۲
۱۳۳۷۰۳۴۹۱۶
-۵۸
-۲.۷
۲۰۹۸
۲۱۸۲
ز
۴۲۶
۵۳۶۶۱۳
۲۴۷۰۹۸۵۴۶۴۶
-۱۳۸۰
-۲.۹۹
۴۴۷۰۰
۴۶۵۰۰
ا
۱۳۸
۲۰۰۲۰
۱۴۴۳۶۶۴۶۵۶
-۵۵
-۰.۷۶
۱۷۴۰۵
۱۷۶۳۰
ی
۲۱۳
۳۵۴۷۵
۱۱۲۹۷۵۳۶۲۸
-۹۸
-۲.۹۹
۱۳۸۰۰
۳۱۸۹۵
ی
۳۵۷
۳۹۷۴۵۸
۷۸۲۳۴۶۲۹۴۱
-۲۴۱
-۲.۹۹
۱۹۵۲۰
۲۰۳۹۵
ن
۱۷۹
۲۲۹۸۱۸
۷۷۷۳۲۶۷۲۴۸
-۱۴۸
-۱.۴۵
۹۸۵۰
۱۰۳۵۰
۵۲۱
۶۲۰۰۲
۱۳۳۷۰۳۴۹۱۶
-۵۸
-۲.۷
۲۰۹۸
۲۱۸۲
ز
۴۲۶
۵۳۶۶۱۳
۲۴۷۰۹۸۵۴۶۴۶
-۱۳۸۰
-۲.۹۹
۴۴۷۰۰
۴۶۵۰۰
ا
۱۳۸
۲۰۰۲۰
۱۴۴۳۶۶۴۶۵۶
-۵۵
-۰.۷۶
۱۷۴۰۵
۱۷۶۳۰
ی
۲۱۳
۳۵۴۷۵
۱۱۲۹۷۵۳۶۲۸
-۹۸
-۲.۹۹
۱۳۸۰۰
۳۱۸۹۵
ی
۳۵۷
۳۹۷۴۵۸
۷۸۲۳۴۶۲۹۴۱
-۲۴۱
-۲.۹۹
۱۹۵۲۰
۲۰۳۹۵
ن
۱۷۹
۲۲۹۸۱۸
۷۷۷۳۲۶۷۲۴۸
-۱۴۸
-۱.۴۵
۹۸۵۰
۱۰۳۵۰
۵۲۱
۶۲۰۰۲
۱۳۳۷۰۳۴۹۱۶
-۵۸
-۲.۷
۲۰۹۸
۲۱۸۲
ز
۴۲۶
۵۳۶۶۱۳
۲۴۷۰۹۸۵۴۶۴۶
-۱۳۸۰
-۲.۹۹
۴۴۷۰۰
۴۶۵۰۰
ا
۱۳۸
۲۰۰۲۰
۱۴۴۳۶۶۴۶۵۶
-۵۵
-۰.۷۶
۱۷۴۰۵
۱۷۶۳۰
ی
۲۱۳
۳۵۴۷۵
۱۱۲۹۷۵۳۶۲۸
-۹۸
-۲.۹۹
۱۳۸۰۰
۳۱۸۹۵
ی
۳۵۷
۳۹۷۴۵۸
۷۸۲۳۴۶۲۹۴۱
-۲۴۱
-۲.۹۹
۱۹۵۲۰
۲۰۳۹۵
ن
۱۷۹
۲۲۹۸۱۸
۷۷۷۳۲۶۷۲۴۸
-۱۴۸
-۱.۴۵
۹۸۵۰
۱۰۳۵۰
۵۲۱
۶۲۰۰۲
۱۳۳۷۰۳۴۹۱۶
-۵۸
-۲.۷
۲۰۹۸
۲۱۸۲
ز
۴۲۶
۵۳۶۶۱۳
۲۴۷۰۹۸۵۴۶۴۶
-۱۳۸۰
-۲.۹۹
۴۴۷۰۰
۴۶۵۰۰
ا
۱۳۸
۲۰۰۲۰
۱۴۴۳۶۶۴۶۵۶
-۵۵
-۰.۷۶
۱۷۴۰۵
۱۷۶۳۰
ی
۲۱۳
۳۵۴۷۵
۱۱۲۹۷۵۳۶۲۸
-۹۸
-۲.۹۹
۱۳۸۰۰
۳۱۸۹۵
ی
۳۵۷
۳۹۷۴۵۸
۷۸۲۳۴۶۲۹۴۱
-۲۴۱
-۲.۹۹
۱۹۵۲۰
۲۰۳۹۵
ن
۱۷۹
۲۲۹۸۱۸
۷۷۷۳۲۶۷۲۴۸
-۱۴۸
-۱.۴۵
۹۸۵۰
۱۰۳۵۰
۵۲۱
۶۲۰۰۲
۱۳۳۷۰۳۴۹۱۶
-۵۸
-۲.۷
۲۰۹۸
۲۱۸۲
ز
۴۲۶
۵۳۶۶۱۳
۲۴۷۰۹۸۵۴۶۴۶
-۱۳۸۰
-۲.۹۹
۴۴۷۰۰
۴۶۵۰۰
ا
۱۳۸
۲۰۰۲۰
۱۴۴۳۶۶۴۶۵۶
-۵۵
-۰.۷۶
۱۷۴۰۵
۱۷۶۳۰
ی
۲۱۳
۳۵۴۷۵
۱۱۲۹۷۵۳۶۲۸
-۹۸
-۲.۹۹
۱۳۸۰۰
۳۱۸۹۵
ی
۳۵۷
۳۹۷۴۵۸
۷۸۲۳۴۶۲۹۴۱
-۲۴۱
-۲.۹۹
۱۹۵۲۰
۲۰۳۹۵
ن
۱۷۹
۲۲۹۸۱۸
۷۷۷۳۲۶۷۲۴۸
-۱۴۸
-۱.۴۵
۹۸۵۰
۱۰۳۵۰
۵۲۱
۶۲۰۰۲
۱۳۳۷۰۳۴۹۱۶
-۵۸
-۲.۷
۲۰۹۸
۲۱۸۲
ز
۴۲۶
۵۳۶۶۱۳
۲۴۷۰۹۸۵۴۶۴۶
-۱۳۸۰
-۲.۹۹
۴۴۷۰۰
۴۶۵۰۰
ا
۱۳۸
۲۰۰۲۰
۱۴۴۳۶۶۴۶۵۶
-۵۵
-۰.۷۶
۱۷۴۰۵
۱۷۶۳۰
ی
۲۱۳
۳۵۴۷۵
۱۱۲۹۷۵۳۶۲۸
-۹۸
-۲.۹۹
۱۳۸۰۰
۳۱۸۹۵
ی
۳۵۷
۳۹۷۴۵۸
۷۸۲۳۴۶۲۹۴۱
-۲۴۱
-۲.۹۹
۱۹۵۲۰
۲۰۳۹۵
ن
۱۷۹
۲۲۹۸۱۸
۷۷۷۳۲۶۷۲۴۸
-۱۴۸
-۱.۴۵
۹۸۵۰
۱۰۳۵۰
۵۲۱
۶۲۰۰۲
۱۳۳۷۰۳۴۹۱۶
-۵۸
-۲.۷
۲۰۹۸
۲۱۸۲
ز
۴۲۶
۵۳۶۶۱۳
۲۴۷۰۹۸۵۴۶۴۶
-۱۳۸۰
-۲.۹۹
۴۴۷۰۰
۴۶۵۰۰
ا
۱۳۸
۲۰۰۲۰
۱۴۴۳۶۶۴۶۵۶
-۵۵
-۰.۷۶
۱۷۴۰۵
۱۷۶۳۰
ی
۲۱۳
۳۵۴۷۵
۱۱۲۹۷۵۳۶۲۸
-۹۸
-۲.۹۹
۱۳۸۰۰
۳۱۸۹۵
ی
۳۵۷
۳۹۷۴۵۸
۷۸۲۳۴۶۲۹۴۱
-۲۴۱
-۲.۹۹
۱۹۵۲۰
۲۰۳۹۵
ن
۱۷۹
۲۲۹۸۱۸
۷۷۷۳۲۶۷۲۴۸
-۱۴۸
-۱.۴۵
۹۸۵۰
۱۰۳۵۰
۵۲۱
۶۲۰۰۲
۱۳۳۷۰۳۴۹۱۶
-۵۸
-۲.۷
۲۰۹۸
۲۱۸۲
ز
۴۲۶
۵۳۶۶۱۳
۲۴۷۰۹۸۵۴۶۴۶
-۱۳۸۰
-۲.۹۹
۴۴۷۰۰
۴۶۵۰۰
ا
۱۳۸
۲۰۰۲۰
۱۴۴۳۶۶۴۶۵۶
-۵۵
-۰.۷۶
۱۷۴۰۵
۱۷۶۳۰
ی
۲۱۳
۳۵۴۷۵
۱۱۲۹۷۵۳۶۲۸
-۹۸
-۲.۹۹
۱۳۸۰۰
۳۱۸۹۵
ی
۳۵۷
۳۹۷۴۵۸
۷۸۲۳۴۶۲۹۴۱
-۲۴۱
-۲.۹۹
۱۹۵۲۰
۲۰۳۹۵
ن
۱۷۹
۲۲۹۸۱۸
۷۷۷۳۲۶۷۲۴۸
-۱۴۸
-۱.۴۵
۹۸۵۰
۱۰۳۵۰
۵۲۱
۶۲۰۰۲
۱۳۳۷۰۳۴۹۱۶
-۵۸
-۲.۷
۲۰۹۸
۲۱۸۲
ز
۴۲۶
۵۳۶۶۱۳
۲۴۷۰۹۸۵۴۶۴۶
-۱۳۸۰
-۲.۹۹
۴۴۷۰۰
۴۶۵۰۰
ا
۱۳۸
۲۰۰۲۰
۱۴۴۳۶۶۴۶۵۶
-۵۵
-۰.۷۶
۱۷۴۰۵
۱۷۶۳۰
ی
۲۱۳
۳۵۴۷۵
۱۱۲۹۷۵۳۶۲۸
-۹۸
-۲.۹۹
۱۳۸۰۰
۳۱۸۹۵
ی
۳۵۷
۳۹۷۴۵۸
۷۸۲۳۴۶۲۹۴۱
-۲۴۱
-۲.۹۹
۱۹۵۲۰
۲۰۳۹۵
ن
۱۷۹
۲۲۹۸۱۸
۷۷۷۳۲۶۷۲۴۸
-۱۴۸
-۱.۴۵
۹۸۵۰
۱۰۳۵۰
۵۲۱
۶۲۰۰۲
۱۳۳۷۰۳۴۹۱۶
-۵۸
-۲.۷
۲۰۹۸
۲۱۸۲
ز
۴۲۶
۵۳۶۶۱۳
۲۴۷۰۹۸۵۴۶۴۶
-۱۳۸۰
-۲.۹۹
۴۴۷۰۰
۴۶۵۰۰
ا
۱۳۸
۲۰۰۲۰
۱۴۴۳۶۶۴۶۵۶
-۵۵
-۰.۷۶
۱۷۴۰۵
۱۷۶۳۰
ی
۲۱۳
۳۵۴۷۵
۱۱۲۹۷۵۳۶۲۸
-۹۸
-۲.۹۹
۱۳۸۰۰
۳۱۸۹۵
ی
۳۵۷
۳۹۷۴۵۸
۷۸۲۳۴۶۲۹۴۱
-۲۴۱
-۲.۹۹
۱۹۵۲۰
۲۰۳۹۵
ن
۱۷۹
۲۲۹۸۱۸
۷۷۷۳۲۶۷۲۴۸
-۱۴۸
-۱.۴۵
۹۸۵۰
۱۰۳۵۰
۵۲۱
۶۲۰۰۲
۱۳۳۷۰۳۴۹۱۶
-۵۸
-۲.۷
۲۰۹۸
۲۱۸۲
ز
۴۲۶
۵۳۶۶۱۳
۲۴۷۰۹۸۵۴۶۴۶
-۱۳۸۰
-۲.۹۹
۴۴۷۰۰
۴۶۵۰۰
ا
۱۳۸
۲۰۰۲۰
۱۴۴۳۶۶۴۶۵۶
-۵۵
-۰.۷۶
۱۷۴۰۵
۱۷۶۳۰
ی
۲۱۳
۳۵۴۷۵
۱۱۲۹۷۵۳۶۲۸
-۹۸
-۲.۹۹
۱۳۸۰۰
۳۱۸۹۵
ی
۳۵۷
۳۹۷۴۵۸
۷۸۲۳۴۶۲۹۴۱
-۲۴۱
-۲.۹۹
۱۹۵۲۰
۲۰۳۹۵
ن
۱۷۹
۲۲۹۸۱۸
۷۷۷۳۲۶۷۲۴۸
-۱۴۸
-۱.۴۵
۹۸۵۰
۱۰۳۵۰
۵۲۱
۶۲۰۰۲
۱۳۳۷۰۳۴۹۱۶
-۵۸
-۲.۷
۲۰۹۸
۲۱۸۲
ز
۴۲۶
۵۳۶۶۱۳
۲۴۷۰۹۸۵۴۶۴۶
-۱۳۸۰
-۲.۹۹
۴۴۷۰۰
۴۶۵۰۰
ا
۱۳۸
۲۰۰۲۰
۱۴۴۳۶۶۴۶۵۶
-۵۵
-۰.۷۶
۱۷۴۰۵
۱۷۶۳۰
ی
۲۱۳
۳۵۴۷۵
۱۱۲۹۷۵۳۶۲۸
-۹۸
-۲.۹۹
۱۳۸۰۰
۳۱۸۹۵
ی
۳۵۷
۳۹۷۴۵۸
۷۸۲۳۴۶۲۹۴۱
-۲۴۱
-۲.۹۹
۱۹۵۲۰
۲۰۳۹۵
ن
۱۷۹
۲۲۹۸۱۸
۷۷۷۳۲۶۷۲۴۸
-۱۴۸
-۱.۴۵
۹۸۵۰
۱۰۳۵۰
۵۲۱
۶۲۰۰۲
۱۳۳۷۰۳۴۹۱۶
-۵۸
-۲.۷
۲۰۹۸
۲۱۸۲
ز
۴۲۶
۵۳۶۶۱۳
۲۴۷۰۹۸۵۴۶۴۶
-۱۳۸۰
-۲.۹۹
۴۴۷۰۰
۴۶۵۰۰
ا
۱۳۸
۲۰۰۲۰
۱۴۴۳۶۶۴۶۵۶
-۵۵
-۰.۷۶
۱۷۴۰۵
۱۷۶۳۰
ی
۲۱۳
۳۵۴۷۵
۱۱۲۹۷۵۳۶۲۸
-۹۸
-۲.۹۹
۱۳۸۰۰
۳۱۸۹۵
ی
۳۵۷
۳۹۷۴۵۸
۷۸۲۳۴۶۲۹۴۱
-۲۴۱
-۲.۹۹
۱۹۵۲۰
۲۰۳۹۵
ن
۱۷۹
۲۲۹۸۱۸
۷۷۷۳۲۶۷۲۴۸
-۱۴۸
-۱.۴۵
۹۸۵۰
۱۰۳۵۰
۵۲۱
۶۲۰۰۲
۱۳۳۷۰۳۴۹۱۶
-۵۸
-۲.۷
۲۰۹۸
۲۱۸۲
ز
۴۲۶
۵۳۶۶۱۳
۲۴۷۰۹۸۵۴۶۴۶
-۱۳۸۰
-۲.۹۹
۴۴۷۰۰
۴۶۵۰۰
ا
۱۳۸
۲۰۰۲۰
۱۴۴۳۶۶۴۶۵۶
-۵۵
-۰.۷۶
۱۷۴۰۵
۱۷۶۳۰
ی
۲۱۳
۳۵۴۷۵
۱۱۲۹۷۵۳۶۲۸
-۹۸
-۲.۹۹
۱۳۸۰۰
۳۱۸۹۵
ی
۳۵۷
۳۹۷۴۵۸
۷۸۲۳۴۶۲۹۴۱
-۲۴۱
-۲.۹۹
۱۹۵۲۰
۲۰۳۹۵
ن
۱۷۹
۲۲۹۸۱۸
۷۷۷۳۲۶۷۲۴۸
-۱۴۸
-۱.۴۵
۹۸۵۰
۱۰۳۵۰
۵۲۱
۶۲۰۰۲
۱۳۳۷۰۳۴۹۱۶
-۵۸
-۲.۷
۲۰۹۸
۲۱۸۲
ز
۴۲۶
۵۳۶۶۱۳
۲۴۷۰۹۸۵۴۶۴۶
-۱۳۸۰
-۲.۹۹
۴۴۷۰۰
۴۶۵۰۰
ا
۱۳۸
۲۰۰۲۰
۱۴۴۳۶۶۴۶۵۶
-۵۵
-۰.۷۶
۱۷۴۰۵
۱۷۶۳۰
ی
۲۱۳
۳۵۴۷۵
۱۱۲۹۷۵۳۶۲۸
-۹۸
-۲.۹۹
۱۳۸۰۰
۳۱۸۹۵
ی
۳۵۷
۳۹۷۴۵۸
۷۸۲۳۴۶۲۹۴۱
-۲۴۱
-۲.۹۹
۱۹۵۲۰
۲۰۳۹۵
ن
۱۷۹
۲۲۹۸۱۸
۷۷۷۳۲۶۷۲۴۸
-۱۴۸
-۱.۴۵
۹۸۵۰
۱۰۳۵۰
۵۲۱
۶۲۰۰۲
۱۳۳۷۰۳۴۹۱۶
-۵۸
-۲.۷
۲۰۹۸
۲۱۸۲
ز
۴۲۶
۵۳۶۶۱۳
۲۴۷۰۹۸۵۴۶۴۶
-۱۳۸۰
-۲.۹۹
۴۴۷۰۰
۴۶۵۰۰
ا
۱۳۸
۲۰۰۲۰
۱۴۴۳۶۶۴۶۵۶
-۵۵
-۰.۷۶
۱۷۴۰۵
۱۷۶۳۰
ی
۲۱۳
۳۵۴۷۵
۱۱۲۹۷۵۳۶۲۸
-۹۸
-۲.۹۹
۱۳۸۰۰
۳۱۸۹۵
ی
۳۵۷
۳۹۷۴۵۸
۷۸۲۳۴۶۲۹۴۱
-۲۴۱
-۲.۹۹
۱۹۵۲۰
۲۰۳۹۵
ن
۱۷۹
۲۲۹۸۱۸
۷۷۷۳۲۶۷۲۴۸
-۱۴۸
-۱.۴۵
۹۸۵۰
۱۰۳۵۰
۵۲۱
۶۲۰۰۲
۱۳۳۷۰۳۴۹۱۶
-۵۸
-۲.۷
۲۰۹۸
۲۱۸۲
ز
۴۲۶
۵۳۶۶۱۳
۲۴۷۰۹۸۵۴۶۴۶
-۱۳۸۰
-۲.۹۹
۴۴۷۰۰
۴۶۵۰۰
ا
۱۳۸
۲۰۰۲۰
۱۴۴۳۶۶۴۶۵۶
-۵۵
-۰.۷۶
۱۷۴۰۵
۱۷۶۳۰
ی
۲۱۳
۳۵۴۷۵
۱۱۲۹۷۵۳۶۲۸
-۹۸
-۲.۹۹
۱۳۸۰۰
۳۱۸۹۵
ی
۳۵۷
۳۹۷۴۵۸
۷۸۲۳۴۶۲۹۴۱
-۲۴۱
-۲.۹۹
۱۹۵۲۰
۲۰۳۹۵
ا
۱
۱۰۰۰
۱۰۰۶۲
-
۰
۱۰۰۶۲
۱۰۰۶۲
ر
۳۱
۱۷۵۲۵
۲۶۳۴۸۴۷۶۵
۰
-۰.۰۱
۱۵۰۳۲
۱۵۰۳۳
۸۹
۸۴۵۹۳۶
۱۷۹۵۴۸۰۰۲۷۶
۰
۰
۲۱۲۲۴
۲۱۲۲۵
ی
۲۱۹
۶۵۸۶۳۸۷
۲۱۷۰۸۰۰۹۰۹۰
-۹۸
-۲.۹۸
۳۱۸۹
۳۳۵۰
ر
۹۱۸
۶۹۸۳۳۳۸
۷۶۹۰۸۸۶۹۰۲۶
-۳۴۰
-۲.۹۹
۱۱۰۳۰
۱۱۴۰۰
ن
۲۷
۲۳۷۴۰
۲۸۶۷۲۱۹۲۳
-۱۲۰
-۰.۹۸
۱۲۰۰۰
۱۲۳۰۰
ا
۱
۱۰۰۰
۱۰۰۶۲
-
۰
۱۰۰۶۲
۱۰۰۶۲
ر
۳۱
۱۷۵۲۵
۲۶۳۴۸۴۷۶۵
۰
-۰.۰۱
۱۵۰۳۲
۱۵۰۳۳
۸۹
۸۴۵۹۳۶
۱۷۹۵۴۸۰۰۲۷۶
۰
۰
۲۱۲۲۴
۲۱۲۲۵
ی
۲۱۹
۶۵۸۶۳۸۷
۲۱۷۰۸۰۰۹۰۹۰
-۹۸
-۲.۹۸
۳۱۸۹
۳۳۵۰
ر
۹۱۸
۶۹۸۳۳۳۸
۷۶۹۰۸۸۶۹۰۲۶
-۳۴۰
-۲.۹۹
۱۱۰۳۰
۱۱۴۰۰
ن
۲۷
۲۳۷۴۰
۲۸۶۷۲۱۹۲۳
-۱۲۰
-۰.۹۸
۱۲۰۰۰
۱۲۳۰۰
ا
۱
۱۰۰۰
۱۰۰۶۲
-
۰
۱۰۰۶۲
۱۰۰۶۲
ر
۳۱
۱۷۵۲۵
۲۶۳۴۸۴۷۶۵
۰
-۰.۰۱
۱۵۰۳۲
۱۵۰۳۳
۸۹
۸۴۵۹۳۶
۱۷۹۵۴۸۰۰۲۷۶
۰
۰
۲۱۲۲۴
۲۱۲۲۵
ی
۲۱۹
۶۵۸۶۳۸۷
۲۱۷۰۸۰۰۹۰۹۰
-۹۸
-۲.۹۸
۳۱۸۹
۳۳۵۰
ر
۹۱۸
۶۹۸۳۳۳۸
۷۶۹۰۸۸۶۹۰۲۶
-۳۴۰
-۲.۹۹
۱۱۰۳۰
۱۱۴۰۰
ن
۲۷
۲۳۷۴۰
۲۸۶۷۲۱۹۲۳
-۱۲۰
-۰.۹۸
۱۲۰۰۰
۱۲۳۰۰
ا
۱
۱۰۰۰
۱۰۰۶۲
-
۰
۱۰۰۶۲
۱۰۰۶۲
ر
۳۱
۱۷۵۲۵
۲۶۳۴۸۴۷۶۵
۰
-۰.۰۱
۱۵۰۳۲
۱۵۰۳۳
۸۹
۸۴۵۹۳۶
۱۷۹۵۴۸۰۰۲۷۶
۰
۰
۲۱۲۲۴
۲۱۲۲۵
ی
۲۱۹
۶۵۸۶۳۸۷
۲۱۷۰۸۰۰۹۰۹۰
-۹۸
-۲.۹۸
۳۱۸۹
۳۳۵۰
ر
۹۱۸
۶۹۸۳۳۳۸
۷۶۹۰۸۸۶۹۰۲۶
-۳۴۰
-۲.۹۹
۱۱۰۳۰
۱۱۴۰۰
ن
۲۷
۲۳۷۴۰
۲۸۶۷۲۱۹۲۳
-۱۲۰
-۰.۹۸
۱۲۰۰۰
۱۲۳۰۰
ا
۱
۱۰۰۰
۱۰۰۶۲
-
۰
۱۰۰۶۲
۱۰۰۶۲
ر
۳۱
۱۷۵۲۵
۲۶۳۴۸۴۷۶۵
۰
-۰.۰۱
۱۵۰۳۲
۱۵۰۳۳
۸۹
۸۴۵۹۳۶
۱۷۹۵۴۸۰۰۲۷۶
۰
۰
۲۱۲۲۴
۲۱۲۲۵
ی
۲۱۹
۶۵۸۶۳۸۷
۲۱۷۰۸۰۰۹۰۹۰
-۹۸
-۲.۹۸
۳۱۸۹
۳۳۵۰
ر
۹۱۸
۶۹۸۳۳۳۸
۷۶۹۰۸۸۶۹۰۲۶
-۳۴۰
-۲.۹۹
۱۱۰۳۰
۱۱۴۰۰
ن
۲۷
۲۳۷۴۰
۲۸۶۷۲۱۹۲۳
-۱۲۰
-۰.۹۸
۱۲۰۰۰
۱۲۳۰۰
ا
۱
۱۰۰۰
۱۰۰۶۲
-
۰
۱۰۰۶۲
۱۰۰۶۲
ر
۳۱
۱۷۵۲۵
۲۶۳۴۸۴۷۶۵
۰
-۰.۰۱
۱۵۰۳۲
۱۵۰۳۳
۸۹
۸۴۵۹۳۶
۱۷۹۵۴۸۰۰۲۷۶
۰
۰
۲۱۲۲۴
۲۱۲۲۵
ی
۲۱۹
۶۵۸۶۳۸۷
۲۱۷۰۸۰۰۹۰۹۰
-۹۸
-۲.۹۸
۳۱۸۹
۳۳۵۰
ر
۹۱۸
۶۹۸۳۳۳۸
۷۶۹۰۸۸۶۹۰۲۶
-۳۴۰
-۲.۹۹
۱۱۰۳۰
۱۱۴۰۰
ن
۲۷
۲۳۷۴۰
۲۸۶۷۲۱۹۲۳
-۱۲۰
-۰.۹۸
۱۲۰۰۰
۱۲۳۰۰
ا
۱
۱۰۰۰
۱۰۰۶۲
-
۰
۱۰۰۶۲
۱۰۰۶۲
ر
۳۱
۱۷۵۲۵
۲۶۳۴۸۴۷۶۵
۰
-۰.۰۱
۱۵۰۳۲
۱۵۰۳۳
۸۹
۸۴۵۹۳۶
۱۷۹۵۴۸۰۰۲۷۶
۰
۰
۲۱۲۲۴
۲۱۲۲۵
ی
۲۱۹
۶۵۸۶۳۸۷
۲۱۷۰۸۰۰۹۰۹۰
-۹۸
-۲.۹۸
۳۱۸۹
۳۳۵۰
ر
۹۱۸
۶۹۸۳۳۳۸
۷۶۹۰۸۸۶۹۰۲۶
-۳۴۰
-۲.۹۹
۱۱۰۳۰
۱۱۴۰۰
ن
۲۷
۲۳۷۴۰
۲۸۶۷۲۱۹۲۳
-۱۲۰
-۰.۹۸
۱۲۰۰۰
۱۲۳۰۰
ا
۱
۱۰۰۰
۱۰۰۶۲
-
۰
۱۰۰۶۲
۱۰۰۶۲
ر
۳۱
۱۷۵۲۵
۲۶۳۴۸۴۷۶۵
۰
-۰.۰۱
۱۵۰۳۲
۱۵۰۳۳
۸۹
۸۴۵۹۳۶
۱۷۹۵۴۸۰۰۲۷۶
۰
۰
۲۱۲۲۴
۲۱۲۲۵
ی
۲۱۹
۶۵۸۶۳۸۷
۲۱۷۰۸۰۰۹۰۹۰
-۹۸
-۲.۹۸
۳۱۸۹
۳۳۵۰
ر
۹۱۸
۶۹۸۳۳۳۸
۷۶۹۰۸۸۶۹۰۲۶
-۳۴۰
-۲.۹۹
۱۱۰۳۰
۱۱۴۰۰
ن
۲۷
۲۳۷۴۰
۲۸۶۷۲۱۹۲۳
-۱۲۰
-۰.۹۸
۱۲۰۰۰
۱۲۳۰۰
ا
۱
۱۰۰۰
۱۰۰۶۲
-
۰
۱۰۰۶۲
۱۰۰۶۲
ر
۳۱
۱۷۵۲۵
۲۶۳۴۸۴۷۶۵
۰
-۰.۰۱
۱۵۰۳۲
۱۵۰۳۳
۸۹
۸۴۵۹۳۶
۱۷۹۵۴۸۰۰۲۷۶
۰
۰
۲۱۲۲۴
۲۱۲۲۵
ی
۲۱۹
۶۵۸۶۳۸۷
۲۱۷۰۸۰۰۹۰۹۰
-۹۸
-۲.۹۸
۳۱۸۹
۳۳۵۰
ر
۹۱۸
۶۹۸۳۳۳۸
۷۶۹۰۸۸۶۹۰۲۶
-۳۴۰
-۲.۹۹
۱۱۰۳۰
۱۱۴۰۰
ن
۲۷
۲۳۷۴۰
۲۸۶۷۲۱۹۲۳
-۱۲۰
-۰.۹۸
۱۲۰۰۰
۱۲۳۰۰
ا
۱
۱۰۰۰
۱۰۰۶۲
-
۰
۱۰۰۶۲
۱۰۰۶۲
ر
۳۱
۱۷۵۲۵
۲۶۳۴۸۴۷۶۵
۰
-۰.۰۱
۱۵۰۳۲
۱۵۰۳۳
۸۹
۸۴۵۹۳۶
۱۷۹۵۴۸۰۰۲۷۶
۰
۰
۲۱۲۲۴
۲۱۲۲۵
ی
۲۱۹
۶۵۸۶۳۸۷
۲۱۷۰۸۰۰۹۰۹۰
-۹۸
-۲.۹۸
۳۱۸۹
۳۳۵۰
ر
۹۱۸
۶۹۸۳۳۳۸
۷۶۹۰۸۸۶۹۰۲۶
-۳۴۰
-۲.۹۹
۱۱۰۳۰
۱۱۴۰۰
ن
۲۷
۲۳۷۴۰
۲۸۶۷۲۱۹۲۳
-۱۲۰
-۰.۹۸
۱۲۰۰۰
۱۲۳۰۰
ا
۱
۱۰۰۰
۱۰۰۶۲
-
۰
۱۰۰۶۲
۱۰۰۶۲
ر
۳۱
۱۷۵۲۵
۲۶۳۴۸۴۷۶۵
۰
-۰.۰۱
۱۵۰۳۲
۱۵۰۳۳
۸۹
۸۴۵۹۳۶
۱۷۹۵۴۸۰۰۲۷۶
۰
۰
۲۱۲۲۴
۲۱۲۲۵
ی
۲۱۹
۶۵۸۶۳۸۷
۲۱۷۰۸۰۰۹۰۹۰
-۹۸
-۲.۹۸
۳۱۸۹
۳۳۵۰
ر
۹۱۸
۶۹۸۳۳۳۸
۷۶۹۰۸۸۶۹۰۲۶
-۳۴۰
-۲.۹۹
۱۱۰۳۰
۱۱۴۰۰
ن
۲۷
۲۳۷۴۰
۲۸۶۷۲۱۹۲۳
-۱۲۰
-۰.۹۸
۱۲۰۰۰
۱۲۳۰۰
ا
۱
۱۰۰۰
۱۰۰۶۲
-
۰
۱۰۰۶۲
۱۰۰۶۲
ر
۳۱
۱۷۵۲۵
۲۶۳۴۸۴۷۶۵
۰
-۰.۰۱
۱۵۰۳۲
۱۵۰۳۳
۸۹
۸۴۵۹۳۶
۱۷۹۵۴۸۰۰۲۷۶
۰
۰
۲۱۲۲۴
۲۱۲۲۵
ی
۲۱۹
۶۵۸۶۳۸۷
۲۱۷۰۸۰۰۹۰۹۰
-۹۸
-۲.۹۸
۳۱۸۹
۳۳۵۰
ر
۹۱۸
۶۹۸۳۳۳۸
۷۶۹۰۸۸۶۹۰۲۶
-۳۴۰
-۲.۹۹
۱۱۰۳۰
۱۱۴۰۰
ن
۲۷
۲۳۷۴۰
۲۸۶۷۲۱۹۲۳
-۱۲۰
-۰.۹۸
۱۲۰۰۰
۱۲۳۰۰
ا
۱
۱۰۰۰
۱۰۰۶۲
-
۰
۱۰۰۶۲
۱۰۰۶۲
ر
۳۱
۱۷۵۲۵
۲۶۳۴۸۴۷۶۵
۰
-۰.۰۱
۱۵۰۳۲
۱۵۰۳۳
۸۹
۸۴۵۹۳۶
۱۷۹۵۴۸۰۰۲۷۶
۰
۰
۲۱۲۲۴
۲۱۲۲۵
ی
۲۱۹
۶۵۸۶۳۸۷
۲۱۷۰۸۰۰۹۰۹۰
-۹۸
-۲.۹۸
۳۱۸۹
۳۳۵۰
ر
۹۱۸
۶۹۸۳۳۳۸
۷۶۹۰۸۸۶۹۰۲۶
-۳۴۰
-۲.۹۹
۱۱۰۳۰
۱۱۴۰۰
ن
۲۷
۲۳۷۴۰
۲۸۶۷۲۱۹۲۳
-۱۲۰
-۰.۹۸
۱۲۰۰۰
۱۲۳۰۰
ا
۱
۱۰۰۰
۱۰۰۶۲
-
۰
۱۰۰۶۲
۱۰۰۶۲
ر
۳۱
۱۷۵۲۵
۲۶۳۴۸۴۷۶۵
۰
-۰.۰۱
۱۵۰۳۲
۱۵۰۳۳
۸۹
۸۴۵۹۳۶
۱۷۹۵۴۸۰۰۲۷۶
۰
۰
۲۱۲۲۴
۲۱۲۲۵
ی
۲۱۹
۶۵۸۶۳۸۷
۲۱۷۰۸۰۰۹۰۹۰
-۹۸
-۲.۹۸
۳۱۸۹
۳۳۵۰
ر
۹۱۸
۶۹۸۳۳۳۸
۷۶۹۰۸۸۶۹۰۲۶
-۳۴۰
-۲.۹۹
۱۱۰۳۰
۱۱۴۰۰
ن
۲۷
۲۳۷۴۰
۲۸۶۷۲۱۹۲۳
-۱۲۰
-۰.۹۸
۱۲۰۰۰
۱۲۳۰۰
ا
۱
۱۰۰۰
۱۰۰۶۲
-
۰
۱۰۰۶۲
۱۰۰۶۲
ر
۳۱
۱۷۵۲۵
۲۶۳۴۸۴۷۶۵
۰
-۰.۰۱
۱۵۰۳۲
۱۵۰۳۳
۸۹
۸۴۵۹۳۶
۱۷۹۵۴۸۰۰۲۷۶
۰
۰
۲۱۲۲۴
۲۱۲۲۵
ی
۲۱۹
۶۵۸۶۳۸۷
۲۱۷۰۸۰۰۹۰۹۰
-۹۸
-۲.۹۸
۳۱۸۹
۳۳۵۰
ر
۹۱۸
۶۹۸۳۳۳۸
۷۶۹۰۸۸۶۹۰۲۶
-۳۴۰
-۲.۹۹
۱۱۰۳۰
۱۱۴۰۰
ن
۲۷
۲۳۷۴۰
۲۸۶۷۲۱۹۲۳
-۱۲۰
-۰.۹۸
۱۲۰۰۰
۱۲۳۰۰
ا
۱
۱۰۰۰
۱۰۰۶۲
-
۰
۱۰۰۶۲
۱۰۰۶۲
ر
۳۱
۱۷۵۲۵
۲۶۳۴۸۴۷۶۵
۰
-۰.۰۱
۱۵۰۳۲
۱۵۰۳۳
۸۹
۸۴۵۹۳۶
۱۷۹۵۴۸۰۰۲۷۶
۰
۰
۲۱۲۲۴
۲۱۲۲۵
ی
۲۱۹
۶۵۸۶۳۸۷
۲۱۷۰۸۰۰۹۰۹۰
-۹۸
-۲.۹۸
۳۱۸۹
۳۳۵۰
ر
۹۱۸
۶۹۸۳۳۳۸
۷۶۹۰۸۸۶۹۰۲۶
-۳۴۰
-۲.۹۹
۱۱۰۳۰
۱۱۴۰۰
ن
۲۷
۲۳۷۴۰
۲۸۶۷۲۱۹۲۳
-۱۲۰
-۰.۹۸
۱۲۰۰۰
۱۲۳۰۰
ا
۱
۱۰۰۰
۱۰۰۶۲
-
۰
۱۰۰۶۲
۱۰۰۶۲
ر
۳۱
۱۷۵۲۵
۲۶۳۴۸۴۷۶۵
۰
-۰.۰۱
۱۵۰۳۲
۱۵۰۳۳
۸۹
۸۴۵۹۳۶
۱۷۹۵۴۸۰۰۲۷۶
۰
۰
۲۱۲۲۴
۲۱۲۲۵
ی
۲۱۹
۶۵۸۶۳۸۷
۲۱۷۰۸۰۰۹۰۹۰
-۹۸
-۲.۹۸
۳۱۸۹
۳۳۵۰
ر
۹۱۸
۶۹۸۳۳۳۸
۷۶۹۰۸۸۶۹۰۲۶
-۳۴۰
-۲.۹۹
۱۱۰۳۰
۱۱۴۰۰
ن
۲۷
۲۳۷۴۰
۲۸۶۷۲۱۹۲۳
-۱۲۰
-۰.۹۸
۱۲۰۰۰
۱۲۳۰۰
ا
۱
۱۰۰۰
۱۰۰۶۲
-
۰
۱۰۰۶۲
۱۰۰۶۲
ر
۳۱
۱۷۵۲۵
۲۶۳۴۸۴۷۶۵
۰
-۰.۰۱
۱۵۰۳۲
۱۵۰۳۳
۸۹
۸۴۵۹۳۶
۱۷۹۵۴۸۰۰۲۷۶
۰
۰
۲۱۲۲۴
۲۱۲۲۵
ی
۲۱۹
۶۵۸۶۳۸۷
۲۱۷۰۸۰۰۹۰۹۰
-۹۸
-۲.۹۸
۳۱۸۹
۳۳۵۰
ر
۹۱۸
۶۹۸۳۳۳۸
۷۶۹۰۸۸۶۹۰۲۶
-۳۴۰
-۲.۹۹
۱۱۰۳۰
۱۱۴۰۰
ن
۲۷
۲۳۷۴۰
۲۸۶۷۲۱۹۲۳
-۱۲۰
-۰.۹۸
۱۲۰۰۰
۱۲۳۰۰
ا
۱
۱۰۰۰
۱۰۰۶۲
-
۰
۱۰۰۶۲
۱۰۰۶۲
ر
۳۱
۱۷۵۲۵
۲۶۳۴۸۴۷۶۵
۰
-۰.۰۱
۱۵۰۳۲
۱۵۰۳۳
۸۹
۸۴۵۹۳۶
۱۷۹۵۴۸۰۰۲۷۶
۰
۰
۲۱۲۲۴
۲۱۲۲۵
ی
۲۱۹
۶۵۸۶۳۸۷
۲۱۷۰۸۰۰۹۰۹۰
-۹۸
-۲.۹۸
۳۱۸۹
۳۳۵۰
ر
۹۱۸
۶۹۸۳۳۳۸
۷۶۹۰۸۸۶۹۰۲۶
-۳۴۰
-۲.۹۹
۱۱۰۳۰
۱۱۴۰۰
ن
۲۷
۲۳۷۴۰
۲۸۶۷۲۱۹۲۳
-۱۲۰
-۰.۹۸
۱۲۰۰۰
۱۲۳۰۰
ا
۱
۱۰۰۰
۱۰۰۶۲
-
۰
۱۰۰۶۲
۱۰۰۶۲
ر
۳۱
۱۷۵۲۵
۲۶۳۴۸۴۷۶۵
۰
-۰.۰۱
۱۵۰۳۲
۱۵۰۳۳
۸۹
۸۴۵۹۳۶
۱۷۹۵۴۸۰۰۲۷۶
۰
۰
۲۱۲۲۴
۲۱۲۲۵
ی
۲۱۹
۶۵۸۶۳۸۷
۲۱۷۰۸۰۰۹۰۹۰
-۹۸
-۲.۹۸
۳۱۸۹
۳۳۵۰
ر
۹۱۸
۶۹۸۳۳۳۸
۷۶۹۰۸۸۶۹۰۲۶
-۳۴۰
-۲.۹۹
۱۱۰۳۰
۱۱۴۰۰
ن
۲۷
۲۳۷۴۰
۲۸۶۷۲۱۹۲۳
-۱۲۰
-۰.۹۸
۱۲۰۰۰
۱۲۳۰۰
ا
۱
۱۰۰۰
۱۰۰۶۲
-
۰
۱۰۰۶۲
۱۰۰۶۲
ر
۳۱
۱۷۵۲۵
۲۶۳۴۸۴۷۶۵
۰
-۰.۰۱
۱۵۰۳۲
۱۵۰۳۳
۸۹
۸۴۵۹۳۶
۱۷۹۵۴۸۰۰۲۷۶
۰
۰
۲۱۲۲۴
۲۱۲۲۵
ی
۲۱۹
۶۵۸۶۳۸۷
۲۱۷۰۸۰۰۹۰۹۰
-۹۸
-۲.۹۸
۳۱۸۹
۳۳۵۰
ر
۹۱۸
۶۹۸۳۳۳۸
۷۶۹۰۸۸۶۹۰۲۶
-۳۴۰
-۲.۹۹
۱۱۰۳۰
۱۱۴۰۰
ن
۲۷
۲۳۷۴۰
۲۸۶۷۲۱۹۲۳
-۱۲۰
-۰.۹۸
۱۲۰۰۰
۱۲۳۰۰
ا
۱
۱۰۰۰
۱۰۰۶۲
-
۰
۱۰۰۶۲
۱۰۰۶۲
ر
۳۱
۱۷۵۲۵
۲۶۳۴۸۴۷۶۵
۰
-۰.۰۱
۱۵۰۳۲
۱۵۰۳۳
۸۹
۸۴۵۹۳۶
۱۷۹۵۴۸۰۰۲۷۶
۰
۰
۲۱۲۲۴
۲۱۲۲۵
ی
۲۱۹
۶۵۸۶۳۸۷
۲۱۷۰۸۰۰۹۰۹۰
-۹۸
-۲.۹۸
۳۱۸۹
۳۳۵۰
ر
۹۱۸
۶۹۸۳۳۳۸
۷۶۹۰۸۸۶۹۰۲۶
-۳۴۰
-۲.۹۹
۱۱۰۳۰
۱۱۴۰۰
ن
۲۷
۲۳۷۴۰
۲۸۶۷۲۱۹۲۳
-۱۲۰
-۰.۹۸
۱۲۰۰۰
۱۲۳۰۰
ا
۱
۱۰۰۰
۱۰۰۶۲
-
۰
۱۰۰۶۲
۱۰۰۶۲
ر
۳۱
۱۷۵۲۵
۲۶۳۴۸۴۷۶۵
۰
-۰.۰۱
۱۵۰۳۲
۱۵۰۳۳
۸۹
۸۴۵۹۳۶
۱۷۹۵۴۸۰۰۲۷۶
۰
۰
۲۱۲۲۴
۲۱۲۲۵
ی
۲۱۹
۶۵۸۶۳۸۷
۲۱۷۰۸۰۰۹۰۹۰
-۹۸
-۲.۹۸
۳۱۸۹
۳۳۵۰
ر
۹۱۸
۶۹۸۳۳۳۸
۷۶۹۰۸۸۶۹۰۲۶
-۳۴۰
-۲.۹۹
۱۱۰۳۰
۱۱۴۰۰
ن
۲۷
۲۳۷۴۰
۲۸۶۷۲۱۹۲۳
-۱۲۰
-۰.۹۸
۱۲۰۰۰
۱۲۳۰۰
ا
۱
۱۰۰۰
۱۰۰۶۲
-
۰
۱۰۰۶۲
۱۰۰۶۲
ر
۳۱
۱۷۵۲۵
۲۶۳۴۸۴۷۶۵
۰
-۰.۰۱
۱۵۰۳۲
۱۵۰۳۳
۸۹
۸۴۵۹۳۶
۱۷۹۵۴۸۰۰۲۷۶
۰
۰
۲۱۲۲۴
۲۱۲۲۵
ی
۲۱۹
۶۵۸۶۳۸۷
۲۱۷۰۸۰۰۹۰۹۰
-۹۸
-۲.۹۸
۳۱۸۹
۳۳۵۰
ر
۹۱۸
۶۹۸۳۳۳۸
۷۶۹۰۸۸۶۹۰۲۶
-۳۴۰
-۲.۹۹
۱۱۰۳۰
۱۱۴۰۰
ن
۲۷
۲۳۷۴۰
۲۸۶۷۲۱۹۲۳
-۱۲۰
-۰.۹۸
۱۲۰۰۰
۱۲۳۰۰
ا
۱
۱۰۰۰
۱۰۰۶۲
-
۰
۱۰۰۶۲
۱۰۰۶۲
ر
۳۱
۱۷۵۲۵
۲۶۳۴۸۴۷۶۵
۰
-۰.۰۱
۱۵۰۳۲
۱۵۰۳۳
۸۹
۸۴۵۹۳۶
۱۷۹۵۴۸۰۰۲۷۶
۰
۰
۲۱۲۲۴
۲۱۲۲۵
ی
۲۱۹
۶۵۸۶۳۸۷
۲۱۷۰۸۰۰۹۰۹۰
-۹۸
-۲.۹۸
۳۱۸۹
۳۳۵۰
ر
۹۱۸
۶۹۸۳۳۳۸
۷۶۹۰۸۸۶۹۰۲۶
-۳۴۰
-۲.۹۹
۱۱۰۳۰
۱۱۴۰۰
ن
۲۷
۲۳۷۴۰
۲۸۶۷۲۱۹۲۳
-۱۲۰
-۰.۹۸
۱۲۰۰۰
۱۲۳۰۰
ا
۱
۱۰۰۰
۱۰۰۶۲
-
۰
۱۰۰۶۲
۱۰۰۶۲
ر
۳۱
۱۷۵۲۵
۲۶۳۴۸۴۷۶۵
۰
-۰.۰۱
۱۵۰۳۲
۱۵۰۳۳
۸۹
۸۴۵۹۳۶
۱۷۹۵۴۸۰۰۲۷۶
۰
۰
۲۱۲۲۴
۲۱۲۲۵
ی
۲۱۹
۶۵۸۶۳۸۷
۲۱۷۰۸۰۰۹۰۹۰
-۹۸
-۲.۹۸
۳۱۸۹
۳۳۵۰
ر
۹۱۸
۶۹۸۳۳۳۸
۷۶۹۰۸۸۶۹۰۲۶
-۳۴۰
-۲.۹۹
۱۱۰۳۰
۱۱۴۰۰
ن
۲۷
۲۳۷۴۰
۲۸۶۷۲۱۹۲۳
-۱۲۰
-۰.۹۸
۱۲۰۰۰
۱۲۳۰۰
ا
۱
۱۰۰۰
۱۰۰۶۲
-
۰
۱۰۰۶۲
۱۰۰۶۲
ر
۳۱
۱۷۵۲۵
۲۶۳۴۸۴۷۶۵
۰
-۰.۰۱
۱۵۰۳۲
۱۵۰۳۳
۸۹
۸۴۵۹۳۶
۱۷۹۵۴۸۰۰۲۷۶
۰
۰
۲۱۲۲۴
۲۱۲۲۵
ی
۲۱۹
۶۵۸۶۳۸۷
۲۱۷۰۸۰۰۹۰۹۰
-۹۸
-۲.۹۸
۳۱۸۹
۳۳۵۰
ر
۹۱۸
۶۹۸۳۳۳۸
۷۶۹۰۸۸۶۹۰۲۶
-۳۴۰
-۲.۹۹
۱۱۰۳۰
۱۱۴۰۰
ن
۲۷
۲۳۷۴۰
۲۸۶۷۲۱۹۲۳
-۱۲۰
-۰.۹۸
۱۲۰۰۰
۱۲۳۰۰
ا
۱
۱۰۰۰
۱۰۰۶۲
-
۰
۱۰۰۶۲
۱۰۰۶۲
ر
۳۱
۱۷۵۲۵
۲۶۳۴۸۴۷۶۵
۰
-۰.۰۱
۱۵۰۳۲
۱۵۰۳۳
۸۹
۸۴۵۹۳۶
۱۷۹۵۴۸۰۰۲۷۶
۰
۰
۲۱۲۲۴
۲۱۲۲۵
ی
۲۱۹
۶۵۸۶۳۸۷
۲۱۷۰۸۰۰۹۰۹۰
-۹۸
-۲.۹۸
۳۱۸۹
۳۳۵۰
ر
۹۱۸
۶۹۸۳۳۳۸
۷۶۹۰۸۸۶۹۰۲۶
-۳۴۰
-۲.۹۹
۱۱۰۳۰
۱۱۴۰۰
ن
۲۷
۲۳۷۴۰
۲۸۶۷۲۱۹۲۳
-۱۲۰
-۰.۹۸
۱۲۰۰۰
۱۲۳۰۰
ا
۱
۱۰۰۰
۱۰۰۶۲
-
۰
۱۰۰۶۲
۱۰۰۶۲
ر
۳۱
۱۷۵۲۵
۲۶۳۴۸۴۷۶۵
۰
-۰.۰۱
۱۵۰۳۲
۱۵۰۳۳
۸۹
۸۴۵۹۳۶
۱۷۹۵۴۸۰۰۲۷۶
۰
۰
۲۱۲۲۴
۲۱۲۲۵
ی
۲۱۹
۶۵۸۶۳۸۷
۲۱۷۰۸۰۰۹۰۹۰
-۹۸
-۲.۹۸
۳۱۸۹
۳۳۵۰
ر
۹۱۸
۶۹۸۳۳۳۸
۷۶۹۰۸۸۶۹۰۲۶
-۳۴۰
-۲.۹۹
۱۱۰۳۰
۱۱۴۰۰
ن
۲۷
۲۳۷۴۰
۲۸۶۷۲۱۹۲۳
-۱۲۰
-۰.۹۸
۱۲۰۰۰
۱۲۳۰۰
ا
۱
۱۰۰۰
۱۰۰۶۲
-
۰
۱۰۰۶۲
۱۰۰۶۲
ر
۳۱
۱۷۵۲۵
۲۶۳۴۸۴۷۶۵
۰
-۰.۰۱
۱۵۰۳۲
۱۵۰۳۳
۸۹
۸۴۵۹۳۶
۱۷۹۵۴۸۰۰۲۷۶
۰
۰
۲۱۲۲۴
۲۱۲۲۵
ی
۲۱۹
۶۵۸۶۳۸۷
۲۱۷۰۸۰۰۹۰۹۰
-۹۸
-۲.۹۸
۳۱۸۹
۳۳۵۰
ر
۹۱۸
۶۹۸۳۳۳۸
۷۶۹۰۸۸۶۹۰۲۶
-۳۴۰
-۲.۹۹
۱۱۰۳۰
۱۱۴۰۰
ن
۲۷
۲۳۷۴۰
۲۸۶۷۲۱۹۲۳
-۱۲۰
-۰.۹۸
۱۲۰۰۰
۱۲۳۰۰
ا
۱
۱۰۰۰
۱۰۰۶۲
-
۰
۱۰۰۶۲
۱۰۰۶۲
ر
۳۱
۱۷۵۲۵
۲۶۳۴۸۴۷۶۵
۰
-۰.۰۱
۱۵۰۳۲
۱۵۰۳۳
۸۹
۸۴۵۹۳۶
۱۷۹۵۴۸۰۰۲۷۶
۰
۰
۲۱۲۲۴
۲۱۲۲۵
